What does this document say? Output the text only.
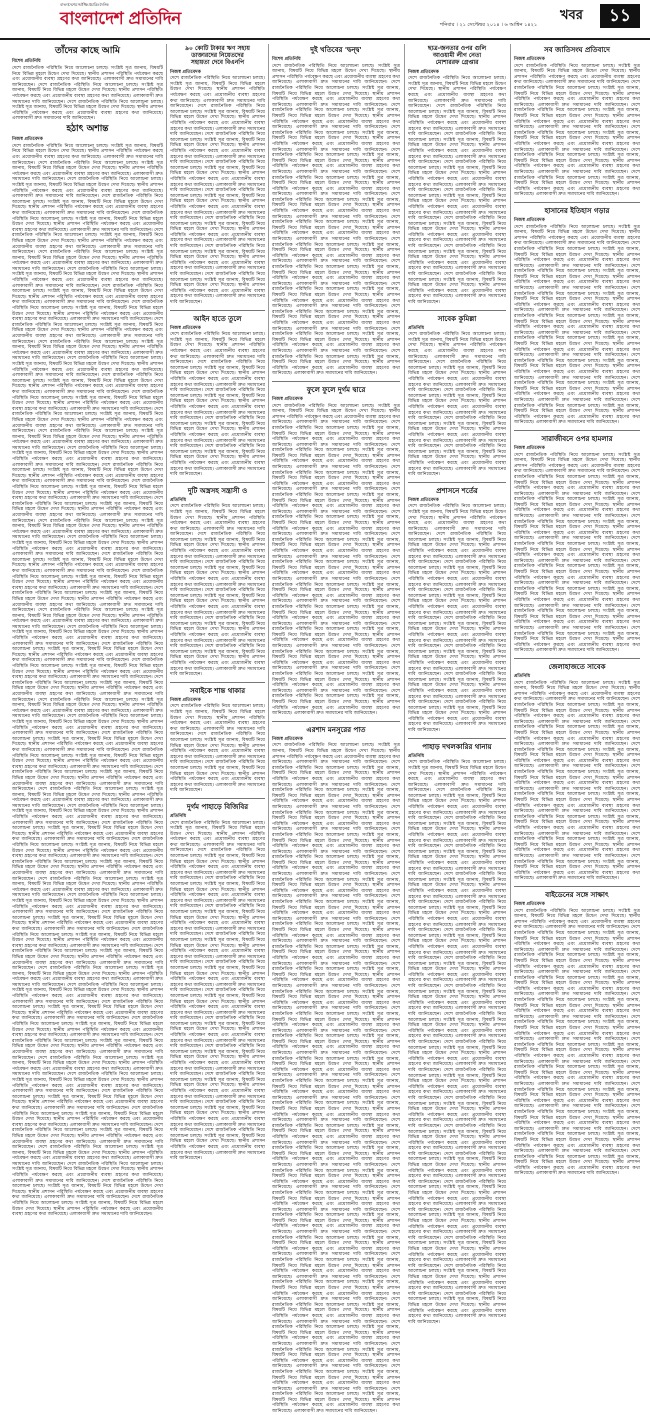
বাংলাদেশের সর্বাধিক প্রচারিত দৈনিক
বাংলাদেশ প্রতিদিন	শনিবার । ২১ সেপ্টেম্বর ২০১৪ । ৬ আশ্বিন ১৪২১
খবর	১১
তাঁদের কাছে আমি
বিশেষ প্রতিনিধি

দেশে রাজনৈতিক পরিস্থিতি নিয়ে আলোচনা চলছে। সংশ্লিষ্ট সূত্র জানায়, বিষয়টি নিয়ে বিভিন্ন মহলে উদ্বেগ দেখা দিয়েছে। স্থানীয় প্রশাসন পরিস্থিতি পর্যবেক্ষণ করছে এবং প্রয়োজনীয় ব্যবস্থা গ্রহণের কথা জানিয়েছে। এলাকাবাসী দ্রুত সমাধানের দাবি জানিয়েছেন। দেশে রাজনৈতিক পরিস্থিতি নিয়ে আলোচনা চলছে। সংশ্লিষ্ট সূত্র জানায়, বিষয়টি নিয়ে বিভিন্ন মহলে উদ্বেগ দেখা দিয়েছে। স্থানীয় প্রশাসন পরিস্থিতি পর্যবেক্ষণ করছে এবং প্রয়োজনীয় ব্যবস্থা গ্রহণের কথা জানিয়েছে। এলাকাবাসী দ্রুত সমাধানের দাবি জানিয়েছেন। দেশে রাজনৈতিক পরিস্থিতি নিয়ে আলোচনা চলছে। সংশ্লিষ্ট সূত্র জানায়, বিষয়টি নিয়ে বিভিন্ন মহলে উদ্বেগ দেখা দিয়েছে। স্থানীয় প্রশাসন পরিস্থিতি পর্যবেক্ষণ করছে এবং প্রয়োজনীয় ব্যবস্থা গ্রহণের কথা জানিয়েছে। এলাকাবাসী দ্রুত সমাধানের দাবি জানিয়েছেন।

হঠাৎ অশান্ত
নিজস্ব প্রতিবেদক

দেশে রাজনৈতিক পরিস্থিতি নিয়ে আলোচনা চলছে। সংশ্লিষ্ট সূত্র জানায়, বিষয়টি নিয়ে বিভিন্ন মহলে উদ্বেগ দেখা দিয়েছে। স্থানীয় প্রশাসন পরিস্থিতি পর্যবেক্ষণ করছে এবং প্রয়োজনীয় ব্যবস্থা গ্রহণের কথা জানিয়েছে। এলাকাবাসী দ্রুত সমাধানের দাবি জানিয়েছেন। দেশে রাজনৈতিক পরিস্থিতি নিয়ে আলোচনা চলছে। সংশ্লিষ্ট সূত্র জানায়, বিষয়টি নিয়ে বিভিন্ন মহলে উদ্বেগ দেখা দিয়েছে। স্থানীয় প্রশাসন পরিস্থিতি পর্যবেক্ষণ করছে এবং প্রয়োজনীয় ব্যবস্থা গ্রহণের কথা জানিয়েছে। এলাকাবাসী দ্রুত সমাধানের দাবি জানিয়েছেন। দেশে রাজনৈতিক পরিস্থিতি নিয়ে আলোচনা চলছে। সংশ্লিষ্ট সূত্র জানায়, বিষয়টি নিয়ে বিভিন্ন মহলে উদ্বেগ দেখা দিয়েছে। স্থানীয় প্রশাসন পরিস্থিতি পর্যবেক্ষণ করছে এবং প্রয়োজনীয় ব্যবস্থা গ্রহণের কথা জানিয়েছে। এলাকাবাসী দ্রুত সমাধানের দাবি জানিয়েছেন। দেশে রাজনৈতিক পরিস্থিতি নিয়ে আলোচনা চলছে। সংশ্লিষ্ট সূত্র জানায়, বিষয়টি নিয়ে বিভিন্ন মহলে উদ্বেগ দেখা দিয়েছে। স্থানীয় প্রশাসন পরিস্থিতি পর্যবেক্ষণ করছে এবং প্রয়োজনীয় ব্যবস্থা গ্রহণের কথা জানিয়েছে। এলাকাবাসী দ্রুত সমাধানের দাবি জানিয়েছেন। দেশে রাজনৈতিক পরিস্থিতি নিয়ে আলোচনা চলছে। সংশ্লিষ্ট সূত্র জানায়, বিষয়টি নিয়ে বিভিন্ন মহলে উদ্বেগ দেখা দিয়েছে। স্থানীয় প্রশাসন পরিস্থিতি পর্যবেক্ষণ করছে এবং প্রয়োজনীয় ব্যবস্থা গ্রহণের কথা জানিয়েছে। এলাকাবাসী দ্রুত সমাধানের দাবি জানিয়েছেন। দেশে রাজনৈতিক পরিস্থিতি নিয়ে আলোচনা চলছে। সংশ্লিষ্ট সূত্র জানায়, বিষয়টি নিয়ে বিভিন্ন মহলে উদ্বেগ দেখা দিয়েছে। স্থানীয় প্রশাসন পরিস্থিতি পর্যবেক্ষণ করছে এবং প্রয়োজনীয় ব্যবস্থা গ্রহণের কথা জানিয়েছে। এলাকাবাসী দ্রুত সমাধানের দাবি জানিয়েছেন। দেশে রাজনৈতিক পরিস্থিতি নিয়ে আলোচনা চলছে। সংশ্লিষ্ট সূত্র জানায়, বিষয়টি নিয়ে বিভিন্ন মহলে উদ্বেগ দেখা দিয়েছে। স্থানীয় প্রশাসন পরিস্থিতি পর্যবেক্ষণ করছে এবং প্রয়োজনীয় ব্যবস্থা গ্রহণের কথা জানিয়েছে। এলাকাবাসী দ্রুত সমাধানের দাবি জানিয়েছেন। দেশে রাজনৈতিক পরিস্থিতি নিয়ে আলোচনা চলছে। সংশ্লিষ্ট সূত্র জানায়, বিষয়টি নিয়ে বিভিন্ন মহলে উদ্বেগ দেখা দিয়েছে। স্থানীয় প্রশাসন পরিস্থিতি পর্যবেক্ষণ করছে এবং প্রয়োজনীয় ব্যবস্থা গ্রহণের কথা জানিয়েছে। এলাকাবাসী দ্রুত সমাধানের দাবি জানিয়েছেন। দেশে রাজনৈতিক পরিস্থিতি নিয়ে আলোচনা চলছে। সংশ্লিষ্ট সূত্র জানায়, বিষয়টি নিয়ে বিভিন্ন মহলে উদ্বেগ দেখা দিয়েছে। স্থানীয় প্রশাসন পরিস্থিতি পর্যবেক্ষণ করছে এবং প্রয়োজনীয় ব্যবস্থা গ্রহণের কথা জানিয়েছে। এলাকাবাসী দ্রুত সমাধানের দাবি জানিয়েছেন। দেশে রাজনৈতিক পরিস্থিতি নিয়ে আলোচনা চলছে। সংশ্লিষ্ট সূত্র জানায়, বিষয়টি নিয়ে বিভিন্ন মহলে উদ্বেগ দেখা দিয়েছে। স্থানীয় প্রশাসন পরিস্থিতি পর্যবেক্ষণ করছে এবং প্রয়োজনীয় ব্যবস্থা গ্রহণের কথা জানিয়েছে। এলাকাবাসী দ্রুত সমাধানের দাবি জানিয়েছেন। দেশে রাজনৈতিক পরিস্থিতি নিয়ে আলোচনা চলছে। সংশ্লিষ্ট সূত্র জানায়, বিষয়টি নিয়ে বিভিন্ন মহলে উদ্বেগ দেখা দিয়েছে। স্থানীয় প্রশাসন পরিস্থিতি পর্যবেক্ষণ করছে এবং প্রয়োজনীয় ব্যবস্থা গ্রহণের কথা জানিয়েছে। এলাকাবাসী দ্রুত সমাধানের দাবি জানিয়েছেন। দেশে রাজনৈতিক পরিস্থিতি নিয়ে আলোচনা চলছে। সংশ্লিষ্ট সূত্র জানায়, বিষয়টি নিয়ে বিভিন্ন মহলে উদ্বেগ দেখা দিয়েছে। স্থানীয় প্রশাসন পরিস্থিতি পর্যবেক্ষণ করছে এবং প্রয়োজনীয় ব্যবস্থা গ্রহণের কথা জানিয়েছে। এলাকাবাসী দ্রুত সমাধানের দাবি জানিয়েছেন। দেশে রাজনৈতিক পরিস্থিতি নিয়ে আলোচনা চলছে। সংশ্লিষ্ট সূত্র জানায়, বিষয়টি নিয়ে বিভিন্ন মহলে উদ্বেগ দেখা দিয়েছে। স্থানীয় প্রশাসন পরিস্থিতি পর্যবেক্ষণ করছে এবং প্রয়োজনীয় ব্যবস্থা গ্রহণের কথা জানিয়েছে। এলাকাবাসী দ্রুত সমাধানের দাবি জানিয়েছেন। দেশে রাজনৈতিক পরিস্থিতি নিয়ে আলোচনা চলছে। সংশ্লিষ্ট সূত্র জানায়, বিষয়টি নিয়ে বিভিন্ন মহলে উদ্বেগ দেখা দিয়েছে। স্থানীয় প্রশাসন পরিস্থিতি পর্যবেক্ষণ করছে এবং প্রয়োজনীয় ব্যবস্থা গ্রহণের কথা জানিয়েছে। এলাকাবাসী দ্রুত সমাধানের দাবি জানিয়েছেন। দেশে রাজনৈতিক পরিস্থিতি নিয়ে আলোচনা চলছে। সংশ্লিষ্ট সূত্র জানায়, বিষয়টি নিয়ে বিভিন্ন মহলে উদ্বেগ দেখা দিয়েছে। স্থানীয় প্রশাসন পরিস্থিতি পর্যবেক্ষণ করছে এবং প্রয়োজনীয় ব্যবস্থা গ্রহণের কথা জানিয়েছে। এলাকাবাসী দ্রুত সমাধানের দাবি জানিয়েছেন। দেশে রাজনৈতিক পরিস্থিতি নিয়ে আলোচনা চলছে। সংশ্লিষ্ট সূত্র জানায়, বিষয়টি নিয়ে বিভিন্ন মহলে উদ্বেগ দেখা দিয়েছে। স্থানীয় প্রশাসন পরিস্থিতি পর্যবেক্ষণ করছে এবং প্রয়োজনীয় ব্যবস্থা গ্রহণের কথা জানিয়েছে। এলাকাবাসী দ্রুত সমাধানের দাবি জানিয়েছেন। দেশে রাজনৈতিক পরিস্থিতি নিয়ে আলোচনা চলছে। সংশ্লিষ্ট সূত্র জানায়, বিষয়টি নিয়ে বিভিন্ন মহলে উদ্বেগ দেখা দিয়েছে। স্থানীয় প্রশাসন পরিস্থিতি পর্যবেক্ষণ করছে এবং প্রয়োজনীয় ব্যবস্থা গ্রহণের কথা জানিয়েছে। এলাকাবাসী দ্রুত সমাধানের দাবি জানিয়েছেন। দেশে রাজনৈতিক পরিস্থিতি নিয়ে আলোচনা চলছে। সংশ্লিষ্ট সূত্র জানায়, বিষয়টি নিয়ে বিভিন্ন মহলে উদ্বেগ দেখা দিয়েছে। স্থানীয় প্রশাসন পরিস্থিতি পর্যবেক্ষণ করছে এবং প্রয়োজনীয় ব্যবস্থা গ্রহণের কথা জানিয়েছে। এলাকাবাসী দ্রুত সমাধানের দাবি জানিয়েছেন। দেশে রাজনৈতিক পরিস্থিতি নিয়ে আলোচনা চলছে। সংশ্লিষ্ট সূত্র জানায়, বিষয়টি নিয়ে বিভিন্ন মহলে উদ্বেগ দেখা দিয়েছে। স্থানীয় প্রশাসন পরিস্থিতি পর্যবেক্ষণ করছে এবং প্রয়োজনীয় ব্যবস্থা গ্রহণের কথা জানিয়েছে। এলাকাবাসী দ্রুত সমাধানের দাবি জানিয়েছেন। দেশে রাজনৈতিক পরিস্থিতি নিয়ে আলোচনা চলছে। সংশ্লিষ্ট সূত্র জানায়, বিষয়টি নিয়ে বিভিন্ন মহলে উদ্বেগ দেখা দিয়েছে। স্থানীয় প্রশাসন পরিস্থিতি পর্যবেক্ষণ করছে এবং প্রয়োজনীয় ব্যবস্থা গ্রহণের কথা জানিয়েছে। এলাকাবাসী দ্রুত সমাধানের দাবি জানিয়েছেন। দেশে রাজনৈতিক পরিস্থিতি নিয়ে আলোচনা চলছে। সংশ্লিষ্ট সূত্র জানায়, বিষয়টি নিয়ে বিভিন্ন মহলে উদ্বেগ দেখা দিয়েছে। স্থানীয় প্রশাসন পরিস্থিতি পর্যবেক্ষণ করছে এবং প্রয়োজনীয় ব্যবস্থা গ্রহণের কথা জানিয়েছে। এলাকাবাসী দ্রুত সমাধানের দাবি জানিয়েছেন। দেশে রাজনৈতিক পরিস্থিতি নিয়ে আলোচনা চলছে। সংশ্লিষ্ট সূত্র জানায়, বিষয়টি নিয়ে বিভিন্ন মহলে উদ্বেগ দেখা দিয়েছে। স্থানীয় প্রশাসন পরিস্থিতি পর্যবেক্ষণ করছে এবং প্রয়োজনীয় ব্যবস্থা গ্রহণের কথা জানিয়েছে। এলাকাবাসী দ্রুত সমাধানের দাবি জানিয়েছেন। দেশে রাজনৈতিক পরিস্থিতি নিয়ে আলোচনা চলছে। সংশ্লিষ্ট সূত্র জানায়, বিষয়টি নিয়ে বিভিন্ন মহলে উদ্বেগ দেখা দিয়েছে। স্থানীয় প্রশাসন পরিস্থিতি পর্যবেক্ষণ করছে এবং প্রয়োজনীয় ব্যবস্থা গ্রহণের কথা জানিয়েছে। এলাকাবাসী দ্রুত সমাধানের দাবি জানিয়েছেন। দেশে রাজনৈতিক পরিস্থিতি নিয়ে আলোচনা চলছে। সংশ্লিষ্ট সূত্র জানায়, বিষয়টি নিয়ে বিভিন্ন মহলে উদ্বেগ দেখা দিয়েছে। স্থানীয় প্রশাসন পরিস্থিতি পর্যবেক্ষণ করছে এবং প্রয়োজনীয় ব্যবস্থা গ্রহণের কথা জানিয়েছে। এলাকাবাসী দ্রুত সমাধানের দাবি জানিয়েছেন। দেশে রাজনৈতিক পরিস্থিতি নিয়ে আলোচনা চলছে। সংশ্লিষ্ট সূত্র জানায়, বিষয়টি নিয়ে বিভিন্ন মহলে উদ্বেগ দেখা দিয়েছে। স্থানীয় প্রশাসন পরিস্থিতি পর্যবেক্ষণ করছে এবং প্রয়োজনীয় ব্যবস্থা গ্রহণের কথা জানিয়েছে। এলাকাবাসী দ্রুত সমাধানের দাবি জানিয়েছেন। দেশে রাজনৈতিক পরিস্থিতি নিয়ে আলোচনা চলছে। সংশ্লিষ্ট সূত্র জানায়, বিষয়টি নিয়ে বিভিন্ন মহলে উদ্বেগ দেখা দিয়েছে। স্থানীয় প্রশাসন পরিস্থিতি পর্যবেক্ষণ করছে এবং প্রয়োজনীয় ব্যবস্থা গ্রহণের কথা জানিয়েছে। এলাকাবাসী দ্রুত সমাধানের দাবি জানিয়েছেন। দেশে রাজনৈতিক পরিস্থিতি নিয়ে আলোচনা চলছে। সংশ্লিষ্ট সূত্র জানায়, বিষয়টি নিয়ে বিভিন্ন মহলে উদ্বেগ দেখা দিয়েছে। স্থানীয় প্রশাসন পরিস্থিতি পর্যবেক্ষণ করছে এবং প্রয়োজনীয় ব্যবস্থা গ্রহণের কথা জানিয়েছে। এলাকাবাসী দ্রুত সমাধানের দাবি জানিয়েছেন। দেশে রাজনৈতিক পরিস্থিতি নিয়ে আলোচনা চলছে। সংশ্লিষ্ট সূত্র জানায়, বিষয়টি নিয়ে বিভিন্ন মহলে উদ্বেগ দেখা দিয়েছে। স্থানীয় প্রশাসন পরিস্থিতি পর্যবেক্ষণ করছে এবং প্রয়োজনীয় ব্যবস্থা গ্রহণের কথা জানিয়েছে। এলাকাবাসী দ্রুত সমাধানের দাবি জানিয়েছেন। দেশে রাজনৈতিক পরিস্থিতি নিয়ে আলোচনা চলছে। সংশ্লিষ্ট সূত্র জানায়, বিষয়টি নিয়ে বিভিন্ন মহলে উদ্বেগ দেখা দিয়েছে। স্থানীয় প্রশাসন পরিস্থিতি পর্যবেক্ষণ করছে এবং প্রয়োজনীয় ব্যবস্থা গ্রহণের কথা জানিয়েছে। এলাকাবাসী দ্রুত সমাধানের দাবি জানিয়েছেন। দেশে রাজনৈতিক পরিস্থিতি নিয়ে আলোচনা চলছে। সংশ্লিষ্ট সূত্র জানায়, বিষয়টি নিয়ে বিভিন্ন মহলে উদ্বেগ দেখা দিয়েছে। স্থানীয় প্রশাসন পরিস্থিতি পর্যবেক্ষণ করছে এবং প্রয়োজনীয় ব্যবস্থা গ্রহণের কথা জানিয়েছে। এলাকাবাসী দ্রুত সমাধানের দাবি জানিয়েছেন। দেশে রাজনৈতিক পরিস্থিতি নিয়ে আলোচনা চলছে। সংশ্লিষ্ট সূত্র জানায়, বিষয়টি নিয়ে বিভিন্ন মহলে উদ্বেগ দেখা দিয়েছে। স্থানীয় প্রশাসন পরিস্থিতি পর্যবেক্ষণ করছে এবং প্রয়োজনীয় ব্যবস্থা গ্রহণের কথা জানিয়েছে। এলাকাবাসী দ্রুত সমাধানের দাবি জানিয়েছেন। দেশে রাজনৈতিক পরিস্থিতি নিয়ে আলোচনা চলছে। সংশ্লিষ্ট সূত্র জানায়, বিষয়টি নিয়ে বিভিন্ন মহলে উদ্বেগ দেখা দিয়েছে। স্থানীয় প্রশাসন পরিস্থিতি পর্যবেক্ষণ করছে এবং প্রয়োজনীয় ব্যবস্থা গ্রহণের কথা জানিয়েছে। এলাকাবাসী দ্রুত সমাধানের দাবি জানিয়েছেন। দেশে রাজনৈতিক পরিস্থিতি নিয়ে আলোচনা চলছে। সংশ্লিষ্ট সূত্র জানায়, বিষয়টি নিয়ে বিভিন্ন মহলে উদ্বেগ দেখা দিয়েছে। স্থানীয় প্রশাসন পরিস্থিতি পর্যবেক্ষণ করছে এবং প্রয়োজনীয় ব্যবস্থা গ্রহণের কথা জানিয়েছে। এলাকাবাসী দ্রুত সমাধানের দাবি জানিয়েছেন। দেশে রাজনৈতিক পরিস্থিতি নিয়ে আলোচনা চলছে। সংশ্লিষ্ট সূত্র জানায়, বিষয়টি নিয়ে বিভিন্ন মহলে উদ্বেগ দেখা দিয়েছে। স্থানীয় প্রশাসন পরিস্থিতি পর্যবেক্ষণ করছে এবং প্রয়োজনীয় ব্যবস্থা গ্রহণের কথা জানিয়েছে। এলাকাবাসী দ্রুত সমাধানের দাবি জানিয়েছেন। দেশে রাজনৈতিক পরিস্থিতি নিয়ে আলোচনা চলছে। সংশ্লিষ্ট সূত্র জানায়, বিষয়টি নিয়ে বিভিন্ন মহলে উদ্বেগ দেখা দিয়েছে। স্থানীয় প্রশাসন পরিস্থিতি পর্যবেক্ষণ করছে এবং প্রয়োজনীয় ব্যবস্থা গ্রহণের কথা জানিয়েছে। এলাকাবাসী দ্রুত সমাধানের দাবি জানিয়েছেন। দেশে রাজনৈতিক পরিস্থিতি নিয়ে আলোচনা চলছে। সংশ্লিষ্ট সূত্র জানায়, বিষয়টি নিয়ে বিভিন্ন মহলে উদ্বেগ দেখা দিয়েছে। স্থানীয় প্রশাসন পরিস্থিতি পর্যবেক্ষণ করছে এবং প্রয়োজনীয় ব্যবস্থা গ্রহণের কথা জানিয়েছে। এলাকাবাসী দ্রুত সমাধানের দাবি জানিয়েছেন। দেশে রাজনৈতিক পরিস্থিতি নিয়ে আলোচনা চলছে। সংশ্লিষ্ট সূত্র জানায়, বিষয়টি নিয়ে বিভিন্ন মহলে উদ্বেগ দেখা দিয়েছে। স্থানীয় প্রশাসন পরিস্থিতি পর্যবেক্ষণ করছে এবং প্রয়োজনীয় ব্যবস্থা গ্রহণের কথা জানিয়েছে। এলাকাবাসী দ্রুত সমাধানের দাবি জানিয়েছেন। দেশে রাজনৈতিক পরিস্থিতি নিয়ে আলোচনা চলছে। সংশ্লিষ্ট সূত্র জানায়, বিষয়টি নিয়ে বিভিন্ন মহলে উদ্বেগ দেখা দিয়েছে। স্থানীয় প্রশাসন পরিস্থিতি পর্যবেক্ষণ করছে এবং প্রয়োজনীয় ব্যবস্থা গ্রহণের কথা জানিয়েছে। এলাকাবাসী দ্রুত সমাধানের দাবি জানিয়েছেন। দেশে রাজনৈতিক পরিস্থিতি নিয়ে আলোচনা চলছে। সংশ্লিষ্ট সূত্র জানায়, বিষয়টি নিয়ে বিভিন্ন মহলে উদ্বেগ দেখা দিয়েছে। স্থানীয় প্রশাসন পরিস্থিতি পর্যবেক্ষণ করছে এবং প্রয়োজনীয় ব্যবস্থা গ্রহণের কথা জানিয়েছে। এলাকাবাসী দ্রুত সমাধানের দাবি জানিয়েছেন। দেশে রাজনৈতিক পরিস্থিতি নিয়ে আলোচনা চলছে। সংশ্লিষ্ট সূত্র জানায়, বিষয়টি নিয়ে বিভিন্ন মহলে উদ্বেগ দেখা দিয়েছে। স্থানীয় প্রশাসন পরিস্থিতি পর্যবেক্ষণ করছে এবং প্রয়োজনীয় ব্যবস্থা গ্রহণের কথা জানিয়েছে। এলাকাবাসী দ্রুত সমাধানের দাবি জানিয়েছেন। দেশে রাজনৈতিক পরিস্থিতি নিয়ে আলোচনা চলছে। সংশ্লিষ্ট সূত্র জানায়, বিষয়টি নিয়ে বিভিন্ন মহলে উদ্বেগ দেখা দিয়েছে। স্থানীয় প্রশাসন পরিস্থিতি পর্যবেক্ষণ করছে এবং প্রয়োজনীয় ব্যবস্থা গ্রহণের কথা জানিয়েছে। এলাকাবাসী দ্রুত সমাধানের দাবি জানিয়েছেন। দেশে রাজনৈতিক পরিস্থিতি নিয়ে আলোচনা চলছে। সংশ্লিষ্ট সূত্র জানায়, বিষয়টি নিয়ে বিভিন্ন মহলে উদ্বেগ দেখা দিয়েছে। স্থানীয় প্রশাসন পরিস্থিতি পর্যবেক্ষণ করছে এবং প্রয়োজনীয় ব্যবস্থা গ্রহণের কথা জানিয়েছে। এলাকাবাসী দ্রুত সমাধানের দাবি জানিয়েছেন। দেশে রাজনৈতিক পরিস্থিতি নিয়ে আলোচনা চলছে। সংশ্লিষ্ট সূত্র জানায়, বিষয়টি নিয়ে বিভিন্ন মহলে উদ্বেগ দেখা দিয়েছে। স্থানীয় প্রশাসন পরিস্থিতি পর্যবেক্ষণ করছে এবং প্রয়োজনীয় ব্যবস্থা গ্রহণের কথা জানিয়েছে। এলাকাবাসী দ্রুত সমাধানের দাবি জানিয়েছেন। দেশে রাজনৈতিক পরিস্থিতি নিয়ে আলোচনা চলছে। সংশ্লিষ্ট সূত্র জানায়, বিষয়টি নিয়ে বিভিন্ন মহলে উদ্বেগ দেখা দিয়েছে। স্থানীয় প্রশাসন পরিস্থিতি পর্যবেক্ষণ করছে এবং প্রয়োজনীয় ব্যবস্থা গ্রহণের কথা জানিয়েছে। এলাকাবাসী দ্রুত সমাধানের দাবি জানিয়েছেন। দেশে রাজনৈতিক পরিস্থিতি নিয়ে আলোচনা চলছে। সংশ্লিষ্ট সূত্র জানায়, বিষয়টি নিয়ে বিভিন্ন মহলে উদ্বেগ দেখা দিয়েছে। স্থানীয় প্রশাসন পরিস্থিতি পর্যবেক্ষণ করছে এবং প্রয়োজনীয় ব্যবস্থা গ্রহণের কথা জানিয়েছে। এলাকাবাসী দ্রুত সমাধানের দাবি জানিয়েছেন। দেশে রাজনৈতিক পরিস্থিতি নিয়ে আলোচনা চলছে। সংশ্লিষ্ট সূত্র জানায়, বিষয়টি নিয়ে বিভিন্ন মহলে উদ্বেগ দেখা দিয়েছে। স্থানীয় প্রশাসন পরিস্থিতি পর্যবেক্ষণ করছে এবং প্রয়োজনীয় ব্যবস্থা গ্রহণের কথা জানিয়েছে। এলাকাবাসী দ্রুত সমাধানের দাবি জানিয়েছেন। দেশে রাজনৈতিক পরিস্থিতি নিয়ে আলোচনা চলছে। সংশ্লিষ্ট সূত্র জানায়, বিষয়টি নিয়ে বিভিন্ন মহলে উদ্বেগ দেখা দিয়েছে। স্থানীয় প্রশাসন পরিস্থিতি পর্যবেক্ষণ করছে এবং প্রয়োজনীয় ব্যবস্থা গ্রহণের কথা জানিয়েছে। এলাকাবাসী দ্রুত সমাধানের দাবি জানিয়েছেন। দেশে রাজনৈতিক পরিস্থিতি নিয়ে আলোচনা চলছে। সংশ্লিষ্ট সূত্র জানায়, বিষয়টি নিয়ে বিভিন্ন মহলে উদ্বেগ দেখা দিয়েছে। স্থানীয় প্রশাসন পরিস্থিতি পর্যবেক্ষণ করছে এবং প্রয়োজনীয় ব্যবস্থা গ্রহণের কথা জানিয়েছে। এলাকাবাসী দ্রুত সমাধানের দাবি জানিয়েছেন। দেশে রাজনৈতিক পরিস্থিতি নিয়ে আলোচনা চলছে। সংশ্লিষ্ট সূত্র জানায়, বিষয়টি নিয়ে বিভিন্ন মহলে উদ্বেগ দেখা দিয়েছে। স্থানীয় প্রশাসন পরিস্থিতি পর্যবেক্ষণ করছে এবং প্রয়োজনীয় ব্যবস্থা গ্রহণের কথা জানিয়েছে। এলাকাবাসী দ্রুত সমাধানের দাবি জানিয়েছেন। দেশে রাজনৈতিক পরিস্থিতি নিয়ে আলোচনা চলছে। সংশ্লিষ্ট সূত্র জানায়, বিষয়টি নিয়ে বিভিন্ন মহলে উদ্বেগ দেখা দিয়েছে। স্থানীয় প্রশাসন পরিস্থিতি পর্যবেক্ষণ করছে এবং প্রয়োজনীয় ব্যবস্থা গ্রহণের কথা জানিয়েছে। এলাকাবাসী দ্রুত সমাধানের দাবি জানিয়েছেন। দেশে রাজনৈতিক পরিস্থিতি নিয়ে আলোচনা চলছে। সংশ্লিষ্ট সূত্র জানায়, বিষয়টি নিয়ে বিভিন্ন মহলে উদ্বেগ দেখা দিয়েছে। স্থানীয় প্রশাসন পরিস্থিতি পর্যবেক্ষণ করছে এবং প্রয়োজনীয় ব্যবস্থা গ্রহণের কথা জানিয়েছে। এলাকাবাসী দ্রুত সমাধানের দাবি জানিয়েছেন। দেশে রাজনৈতিক পরিস্থিতি নিয়ে আলোচনা চলছে। সংশ্লিষ্ট সূত্র জানায়, বিষয়টি নিয়ে বিভিন্ন মহলে উদ্বেগ দেখা দিয়েছে। স্থানীয় প্রশাসন পরিস্থিতি পর্যবেক্ষণ করছে এবং প্রয়োজনীয় ব্যবস্থা গ্রহণের কথা জানিয়েছে। এলাকাবাসী দ্রুত সমাধানের দাবি জানিয়েছেন। দেশে রাজনৈতিক পরিস্থিতি নিয়ে আলোচনা চলছে। সংশ্লিষ্ট সূত্র জানায়, বিষয়টি নিয়ে বিভিন্ন মহলে উদ্বেগ দেখা দিয়েছে। স্থানীয় প্রশাসন পরিস্থিতি পর্যবেক্ষণ করছে এবং প্রয়োজনীয় ব্যবস্থা গ্রহণের কথা জানিয়েছে। এলাকাবাসী দ্রুত সমাধানের দাবি জানিয়েছেন। দেশে রাজনৈতিক পরিস্থিতি নিয়ে আলোচনা চলছে। সংশ্লিষ্ট সূত্র জানায়, বিষয়টি নিয়ে বিভিন্ন মহলে উদ্বেগ দেখা দিয়েছে। স্থানীয় প্রশাসন পরিস্থিতি পর্যবেক্ষণ করছে এবং প্রয়োজনীয় ব্যবস্থা গ্রহণের কথা জানিয়েছে। এলাকাবাসী দ্রুত সমাধানের দাবি জানিয়েছেন। দেশে রাজনৈতিক পরিস্থিতি নিয়ে আলোচনা চলছে। সংশ্লিষ্ট সূত্র জানায়, বিষয়টি নিয়ে বিভিন্ন মহলে উদ্বেগ দেখা দিয়েছে। স্থানীয় প্রশাসন পরিস্থিতি পর্যবেক্ষণ করছে এবং প্রয়োজনীয় ব্যবস্থা গ্রহণের কথা জানিয়েছে। এলাকাবাসী দ্রুত সমাধানের দাবি জানিয়েছেন। দেশে রাজনৈতিক পরিস্থিতি নিয়ে আলোচনা চলছে। সংশ্লিষ্ট সূত্র জানায়, বিষয়টি নিয়ে বিভিন্ন মহলে উদ্বেগ দেখা দিয়েছে। স্থানীয় প্রশাসন পরিস্থিতি পর্যবেক্ষণ করছে এবং প্রয়োজনীয় ব্যবস্থা গ্রহণের কথা জানিয়েছে। এলাকাবাসী দ্রুত সমাধানের দাবি জানিয়েছেন। দেশে রাজনৈতিক পরিস্থিতি নিয়ে আলোচনা চলছে। সংশ্লিষ্ট সূত্র জানায়, বিষয়টি নিয়ে বিভিন্ন মহলে উদ্বেগ দেখা দিয়েছে। স্থানীয় প্রশাসন পরিস্থিতি পর্যবেক্ষণ করছে এবং প্রয়োজনীয় ব্যবস্থা গ্রহণের কথা জানিয়েছে। এলাকাবাসী দ্রুত সমাধানের দাবি জানিয়েছেন। দেশে রাজনৈতিক পরিস্থিতি নিয়ে আলোচনা চলছে। সংশ্লিষ্ট সূত্র জানায়, বিষয়টি নিয়ে বিভিন্ন মহলে উদ্বেগ দেখা দিয়েছে। স্থানীয় প্রশাসন পরিস্থিতি পর্যবেক্ষণ করছে এবং প্রয়োজনীয় ব্যবস্থা গ্রহণের কথা জানিয়েছে। এলাকাবাসী দ্রুত সমাধানের দাবি জানিয়েছেন। দেশে রাজনৈতিক পরিস্থিতি নিয়ে আলোচনা চলছে। সংশ্লিষ্ট সূত্র জানায়, বিষয়টি নিয়ে বিভিন্ন মহলে উদ্বেগ দেখা দিয়েছে। স্থানীয় প্রশাসন পরিস্থিতি পর্যবেক্ষণ করছে এবং প্রয়োজনীয় ব্যবস্থা গ্রহণের কথা জানিয়েছে। এলাকাবাসী দ্রুত সমাধানের দাবি জানিয়েছেন। দেশে রাজনৈতিক পরিস্থিতি নিয়ে আলোচনা চলছে। সংশ্লিষ্ট সূত্র জানায়, বিষয়টি নিয়ে বিভিন্ন মহলে উদ্বেগ দেখা দিয়েছে। স্থানীয় প্রশাসন পরিস্থিতি পর্যবেক্ষণ করছে এবং প্রয়োজনীয় ব্যবস্থা গ্রহণের কথা জানিয়েছে। এলাকাবাসী দ্রুত সমাধানের দাবি জানিয়েছেন।

৯০ কোটি টাকার ঋণ সহায়
ডাক্তারদের নিয়েতদের
সহায়তা দেবে বিএনপি
নিজস্ব প্রতিবেদক

দেশে রাজনৈতিক পরিস্থিতি নিয়ে আলোচনা চলছে। সংশ্লিষ্ট সূত্র জানায়, বিষয়টি নিয়ে বিভিন্ন মহলে উদ্বেগ দেখা দিয়েছে। স্থানীয় প্রশাসন পরিস্থিতি পর্যবেক্ষণ করছে এবং প্রয়োজনীয় ব্যবস্থা গ্রহণের কথা জানিয়েছে। এলাকাবাসী দ্রুত সমাধানের দাবি জানিয়েছেন। দেশে রাজনৈতিক পরিস্থিতি নিয়ে আলোচনা চলছে। সংশ্লিষ্ট সূত্র জানায়, বিষয়টি নিয়ে বিভিন্ন মহলে উদ্বেগ দেখা দিয়েছে। স্থানীয় প্রশাসন পরিস্থিতি পর্যবেক্ষণ করছে এবং প্রয়োজনীয় ব্যবস্থা গ্রহণের কথা জানিয়েছে। এলাকাবাসী দ্রুত সমাধানের দাবি জানিয়েছেন। দেশে রাজনৈতিক পরিস্থিতি নিয়ে আলোচনা চলছে। সংশ্লিষ্ট সূত্র জানায়, বিষয়টি নিয়ে বিভিন্ন মহলে উদ্বেগ দেখা দিয়েছে। স্থানীয় প্রশাসন পরিস্থিতি পর্যবেক্ষণ করছে এবং প্রয়োজনীয় ব্যবস্থা গ্রহণের কথা জানিয়েছে। এলাকাবাসী দ্রুত সমাধানের দাবি জানিয়েছেন। দেশে রাজনৈতিক পরিস্থিতি নিয়ে আলোচনা চলছে। সংশ্লিষ্ট সূত্র জানায়, বিষয়টি নিয়ে বিভিন্ন মহলে উদ্বেগ দেখা দিয়েছে। স্থানীয় প্রশাসন পরিস্থিতি পর্যবেক্ষণ করছে এবং প্রয়োজনীয় ব্যবস্থা গ্রহণের কথা জানিয়েছে। এলাকাবাসী দ্রুত সমাধানের দাবি জানিয়েছেন। দেশে রাজনৈতিক পরিস্থিতি নিয়ে আলোচনা চলছে। সংশ্লিষ্ট সূত্র জানায়, বিষয়টি নিয়ে বিভিন্ন মহলে উদ্বেগ দেখা দিয়েছে। স্থানীয় প্রশাসন পরিস্থিতি পর্যবেক্ষণ করছে এবং প্রয়োজনীয় ব্যবস্থা গ্রহণের কথা জানিয়েছে। এলাকাবাসী দ্রুত সমাধানের দাবি জানিয়েছেন। দেশে রাজনৈতিক পরিস্থিতি নিয়ে আলোচনা চলছে। সংশ্লিষ্ট সূত্র জানায়, বিষয়টি নিয়ে বিভিন্ন মহলে উদ্বেগ দেখা দিয়েছে। স্থানীয় প্রশাসন পরিস্থিতি পর্যবেক্ষণ করছে এবং প্রয়োজনীয় ব্যবস্থা গ্রহণের কথা জানিয়েছে। এলাকাবাসী দ্রুত সমাধানের দাবি জানিয়েছেন। দেশে রাজনৈতিক পরিস্থিতি নিয়ে আলোচনা চলছে। সংশ্লিষ্ট সূত্র জানায়, বিষয়টি নিয়ে বিভিন্ন মহলে উদ্বেগ দেখা দিয়েছে। স্থানীয় প্রশাসন পরিস্থিতি পর্যবেক্ষণ করছে এবং প্রয়োজনীয় ব্যবস্থা গ্রহণের কথা জানিয়েছে। এলাকাবাসী দ্রুত সমাধানের দাবি জানিয়েছেন। দেশে রাজনৈতিক পরিস্থিতি নিয়ে আলোচনা চলছে। সংশ্লিষ্ট সূত্র জানায়, বিষয়টি নিয়ে বিভিন্ন মহলে উদ্বেগ দেখা দিয়েছে। স্থানীয় প্রশাসন পরিস্থিতি পর্যবেক্ষণ করছে এবং প্রয়োজনীয় ব্যবস্থা গ্রহণের কথা জানিয়েছে। এলাকাবাসী দ্রুত সমাধানের দাবি জানিয়েছেন।

আইন হাতে তুলে
নিজস্ব প্রতিবেদক

দেশে রাজনৈতিক পরিস্থিতি নিয়ে আলোচনা চলছে। সংশ্লিষ্ট সূত্র জানায়, বিষয়টি নিয়ে বিভিন্ন মহলে উদ্বেগ দেখা দিয়েছে। স্থানীয় প্রশাসন পরিস্থিতি পর্যবেক্ষণ করছে এবং প্রয়োজনীয় ব্যবস্থা গ্রহণের কথা জানিয়েছে। এলাকাবাসী দ্রুত সমাধানের দাবি জানিয়েছেন। দেশে রাজনৈতিক পরিস্থিতি নিয়ে আলোচনা চলছে। সংশ্লিষ্ট সূত্র জানায়, বিষয়টি নিয়ে বিভিন্ন মহলে উদ্বেগ দেখা দিয়েছে। স্থানীয় প্রশাসন পরিস্থিতি পর্যবেক্ষণ করছে এবং প্রয়োজনীয় ব্যবস্থা গ্রহণের কথা জানিয়েছে। এলাকাবাসী দ্রুত সমাধানের দাবি জানিয়েছেন। দেশে রাজনৈতিক পরিস্থিতি নিয়ে আলোচনা চলছে। সংশ্লিষ্ট সূত্র জানায়, বিষয়টি নিয়ে বিভিন্ন মহলে উদ্বেগ দেখা দিয়েছে। স্থানীয় প্রশাসন পরিস্থিতি পর্যবেক্ষণ করছে এবং প্রয়োজনীয় ব্যবস্থা গ্রহণের কথা জানিয়েছে। এলাকাবাসী দ্রুত সমাধানের দাবি জানিয়েছেন। দেশে রাজনৈতিক পরিস্থিতি নিয়ে আলোচনা চলছে। সংশ্লিষ্ট সূত্র জানায়, বিষয়টি নিয়ে বিভিন্ন মহলে উদ্বেগ দেখা দিয়েছে। স্থানীয় প্রশাসন পরিস্থিতি পর্যবেক্ষণ করছে এবং প্রয়োজনীয় ব্যবস্থা গ্রহণের কথা জানিয়েছে। এলাকাবাসী দ্রুত সমাধানের দাবি জানিয়েছেন। দেশে রাজনৈতিক পরিস্থিতি নিয়ে আলোচনা চলছে। সংশ্লিষ্ট সূত্র জানায়, বিষয়টি নিয়ে বিভিন্ন মহলে উদ্বেগ দেখা দিয়েছে। স্থানীয় প্রশাসন পরিস্থিতি পর্যবেক্ষণ করছে এবং প্রয়োজনীয় ব্যবস্থা গ্রহণের কথা জানিয়েছে। এলাকাবাসী দ্রুত সমাধানের দাবি জানিয়েছেন।

দুটি অস্ত্রসহ সন্ত্রাসী ও
প্রতিনিধি

দেশে রাজনৈতিক পরিস্থিতি নিয়ে আলোচনা চলছে। সংশ্লিষ্ট সূত্র জানায়, বিষয়টি নিয়ে বিভিন্ন মহলে উদ্বেগ দেখা দিয়েছে। স্থানীয় প্রশাসন পরিস্থিতি পর্যবেক্ষণ করছে এবং প্রয়োজনীয় ব্যবস্থা গ্রহণের কথা জানিয়েছে। এলাকাবাসী দ্রুত সমাধানের দাবি জানিয়েছেন। দেশে রাজনৈতিক পরিস্থিতি নিয়ে আলোচনা চলছে। সংশ্লিষ্ট সূত্র জানায়, বিষয়টি নিয়ে বিভিন্ন মহলে উদ্বেগ দেখা দিয়েছে। স্থানীয় প্রশাসন পরিস্থিতি পর্যবেক্ষণ করছে এবং প্রয়োজনীয় ব্যবস্থা গ্রহণের কথা জানিয়েছে। এলাকাবাসী দ্রুত সমাধানের দাবি জানিয়েছেন। দেশে রাজনৈতিক পরিস্থিতি নিয়ে আলোচনা চলছে। সংশ্লিষ্ট সূত্র জানায়, বিষয়টি নিয়ে বিভিন্ন মহলে উদ্বেগ দেখা দিয়েছে। স্থানীয় প্রশাসন পরিস্থিতি পর্যবেক্ষণ করছে এবং প্রয়োজনীয় ব্যবস্থা গ্রহণের কথা জানিয়েছে। এলাকাবাসী দ্রুত সমাধানের দাবি জানিয়েছেন। দেশে রাজনৈতিক পরিস্থিতি নিয়ে আলোচনা চলছে। সংশ্লিষ্ট সূত্র জানায়, বিষয়টি নিয়ে বিভিন্ন মহলে উদ্বেগ দেখা দিয়েছে। স্থানীয় প্রশাসন পরিস্থিতি পর্যবেক্ষণ করছে এবং প্রয়োজনীয় ব্যবস্থা গ্রহণের কথা জানিয়েছে। এলাকাবাসী দ্রুত সমাধানের দাবি জানিয়েছেন। দেশে রাজনৈতিক পরিস্থিতি নিয়ে আলোচনা চলছে। সংশ্লিষ্ট সূত্র জানায়, বিষয়টি নিয়ে বিভিন্ন মহলে উদ্বেগ দেখা দিয়েছে। স্থানীয় প্রশাসন পরিস্থিতি পর্যবেক্ষণ করছে এবং প্রয়োজনীয় ব্যবস্থা গ্রহণের কথা জানিয়েছে। এলাকাবাসী দ্রুত সমাধানের দাবি জানিয়েছেন। দেশে রাজনৈতিক পরিস্থিতি নিয়ে আলোচনা চলছে। সংশ্লিষ্ট সূত্র জানায়, বিষয়টি নিয়ে বিভিন্ন মহলে উদ্বেগ দেখা দিয়েছে। স্থানীয় প্রশাসন পরিস্থিতি পর্যবেক্ষণ করছে এবং প্রয়োজনীয় ব্যবস্থা গ্রহণের কথা জানিয়েছে। এলাকাবাসী দ্রুত সমাধানের দাবি জানিয়েছেন।

সবাইকে শান্ত থাকার
নিজস্ব প্রতিবেদক

দেশে রাজনৈতিক পরিস্থিতি নিয়ে আলোচনা চলছে। সংশ্লিষ্ট সূত্র জানায়, বিষয়টি নিয়ে বিভিন্ন মহলে উদ্বেগ দেখা দিয়েছে। স্থানীয় প্রশাসন পরিস্থিতি পর্যবেক্ষণ করছে এবং প্রয়োজনীয় ব্যবস্থা গ্রহণের কথা জানিয়েছে। এলাকাবাসী দ্রুত সমাধানের দাবি জানিয়েছেন। দেশে রাজনৈতিক পরিস্থিতি নিয়ে আলোচনা চলছে। সংশ্লিষ্ট সূত্র জানায়, বিষয়টি নিয়ে বিভিন্ন মহলে উদ্বেগ দেখা দিয়েছে। স্থানীয় প্রশাসন পরিস্থিতি পর্যবেক্ষণ করছে এবং প্রয়োজনীয় ব্যবস্থা গ্রহণের কথা জানিয়েছে। এলাকাবাসী দ্রুত সমাধানের দাবি জানিয়েছেন। দেশে রাজনৈতিক পরিস্থিতি নিয়ে আলোচনা চলছে। সংশ্লিষ্ট সূত্র জানায়, বিষয়টি নিয়ে বিভিন্ন মহলে উদ্বেগ দেখা দিয়েছে। স্থানীয় প্রশাসন পরিস্থিতি পর্যবেক্ষণ করছে এবং প্রয়োজনীয় ব্যবস্থা গ্রহণের কথা জানিয়েছে। এলাকাবাসী দ্রুত সমাধানের দাবি জানিয়েছেন।

দুর্গম পাহাড়ে বিজিবির
প্রতিনিধি

দেশে রাজনৈতিক পরিস্থিতি নিয়ে আলোচনা চলছে। সংশ্লিষ্ট সূত্র জানায়, বিষয়টি নিয়ে বিভিন্ন মহলে উদ্বেগ দেখা দিয়েছে। স্থানীয় প্রশাসন পরিস্থিতি পর্যবেক্ষণ করছে এবং প্রয়োজনীয় ব্যবস্থা গ্রহণের কথা জানিয়েছে। এলাকাবাসী দ্রুত সমাধানের দাবি জানিয়েছেন। দেশে রাজনৈতিক পরিস্থিতি নিয়ে আলোচনা চলছে। সংশ্লিষ্ট সূত্র জানায়, বিষয়টি নিয়ে বিভিন্ন মহলে উদ্বেগ দেখা দিয়েছে। স্থানীয় প্রশাসন পরিস্থিতি পর্যবেক্ষণ করছে এবং প্রয়োজনীয় ব্যবস্থা গ্রহণের কথা জানিয়েছে। এলাকাবাসী দ্রুত সমাধানের দাবি জানিয়েছেন। দেশে রাজনৈতিক পরিস্থিতি নিয়ে আলোচনা চলছে। সংশ্লিষ্ট সূত্র জানায়, বিষয়টি নিয়ে বিভিন্ন মহলে উদ্বেগ দেখা দিয়েছে। স্থানীয় প্রশাসন পরিস্থিতি পর্যবেক্ষণ করছে এবং প্রয়োজনীয় ব্যবস্থা গ্রহণের কথা জানিয়েছে। এলাকাবাসী দ্রুত সমাধানের দাবি জানিয়েছেন। দেশে রাজনৈতিক পরিস্থিতি নিয়ে আলোচনা চলছে। সংশ্লিষ্ট সূত্র জানায়, বিষয়টি নিয়ে বিভিন্ন মহলে উদ্বেগ দেখা দিয়েছে। স্থানীয় প্রশাসন পরিস্থিতি পর্যবেক্ষণ করছে এবং প্রয়োজনীয় ব্যবস্থা গ্রহণের কথা জানিয়েছে। এলাকাবাসী দ্রুত সমাধানের দাবি জানিয়েছেন। দেশে রাজনৈতিক পরিস্থিতি নিয়ে আলোচনা চলছে। সংশ্লিষ্ট সূত্র জানায়, বিষয়টি নিয়ে বিভিন্ন মহলে উদ্বেগ দেখা দিয়েছে। স্থানীয় প্রশাসন পরিস্থিতি পর্যবেক্ষণ করছে এবং প্রয়োজনীয় ব্যবস্থা গ্রহণের কথা জানিয়েছে। এলাকাবাসী দ্রুত সমাধানের দাবি জানিয়েছেন। দেশে রাজনৈতিক পরিস্থিতি নিয়ে আলোচনা চলছে। সংশ্লিষ্ট সূত্র জানায়, বিষয়টি নিয়ে বিভিন্ন মহলে উদ্বেগ দেখা দিয়েছে। স্থানীয় প্রশাসন পরিস্থিতি পর্যবেক্ষণ করছে এবং প্রয়োজনীয় ব্যবস্থা গ্রহণের কথা জানিয়েছে। এলাকাবাসী দ্রুত সমাধানের দাবি জানিয়েছেন। দেশে রাজনৈতিক পরিস্থিতি নিয়ে আলোচনা চলছে। সংশ্লিষ্ট সূত্র জানায়, বিষয়টি নিয়ে বিভিন্ন মহলে উদ্বেগ দেখা দিয়েছে। স্থানীয় প্রশাসন পরিস্থিতি পর্যবেক্ষণ করছে এবং প্রয়োজনীয় ব্যবস্থা গ্রহণের কথা জানিয়েছে। এলাকাবাসী দ্রুত সমাধানের দাবি জানিয়েছেন। দেশে রাজনৈতিক পরিস্থিতি নিয়ে আলোচনা চলছে। সংশ্লিষ্ট সূত্র জানায়, বিষয়টি নিয়ে বিভিন্ন মহলে উদ্বেগ দেখা দিয়েছে। স্থানীয় প্রশাসন পরিস্থিতি পর্যবেক্ষণ করছে এবং প্রয়োজনীয় ব্যবস্থা গ্রহণের কথা জানিয়েছে। এলাকাবাসী দ্রুত সমাধানের দাবি জানিয়েছেন। দেশে রাজনৈতিক পরিস্থিতি নিয়ে আলোচনা চলছে। সংশ্লিষ্ট সূত্র জানায়, বিষয়টি নিয়ে বিভিন্ন মহলে উদ্বেগ দেখা দিয়েছে। স্থানীয় প্রশাসন পরিস্থিতি পর্যবেক্ষণ করছে এবং প্রয়োজনীয় ব্যবস্থা গ্রহণের কথা জানিয়েছে। এলাকাবাসী দ্রুত সমাধানের দাবি জানিয়েছেন। দেশে রাজনৈতিক পরিস্থিতি নিয়ে আলোচনা চলছে। সংশ্লিষ্ট সূত্র জানায়, বিষয়টি নিয়ে বিভিন্ন মহলে উদ্বেগ দেখা দিয়েছে। স্থানীয় প্রশাসন পরিস্থিতি পর্যবেক্ষণ করছে এবং প্রয়োজনীয় ব্যবস্থা গ্রহণের কথা জানিয়েছে। এলাকাবাসী দ্রুত সমাধানের দাবি জানিয়েছেন। দেশে রাজনৈতিক পরিস্থিতি নিয়ে আলোচনা চলছে। সংশ্লিষ্ট সূত্র জানায়, বিষয়টি নিয়ে বিভিন্ন মহলে উদ্বেগ দেখা দিয়েছে। স্থানীয় প্রশাসন পরিস্থিতি পর্যবেক্ষণ করছে এবং প্রয়োজনীয় ব্যবস্থা গ্রহণের কথা জানিয়েছে। এলাকাবাসী দ্রুত সমাধানের দাবি জানিয়েছেন। দেশে রাজনৈতিক পরিস্থিতি নিয়ে আলোচনা চলছে। সংশ্লিষ্ট সূত্র জানায়, বিষয়টি নিয়ে বিভিন্ন মহলে উদ্বেগ দেখা দিয়েছে। স্থানীয় প্রশাসন পরিস্থিতি পর্যবেক্ষণ করছে এবং প্রয়োজনীয় ব্যবস্থা গ্রহণের কথা জানিয়েছে। এলাকাবাসী দ্রুত সমাধানের দাবি জানিয়েছেন।

দুই খতিবের 'দ্বন্দ্ব'
বিশেষ প্রতিনিধি

দেশে রাজনৈতিক পরিস্থিতি নিয়ে আলোচনা চলছে। সংশ্লিষ্ট সূত্র জানায়, বিষয়টি নিয়ে বিভিন্ন মহলে উদ্বেগ দেখা দিয়েছে। স্থানীয় প্রশাসন পরিস্থিতি পর্যবেক্ষণ করছে এবং প্রয়োজনীয় ব্যবস্থা গ্রহণের কথা জানিয়েছে। এলাকাবাসী দ্রুত সমাধানের দাবি জানিয়েছেন। দেশে রাজনৈতিক পরিস্থিতি নিয়ে আলোচনা চলছে। সংশ্লিষ্ট সূত্র জানায়, বিষয়টি নিয়ে বিভিন্ন মহলে উদ্বেগ দেখা দিয়েছে। স্থানীয় প্রশাসন পরিস্থিতি পর্যবেক্ষণ করছে এবং প্রয়োজনীয় ব্যবস্থা গ্রহণের কথা জানিয়েছে। এলাকাবাসী দ্রুত সমাধানের দাবি জানিয়েছেন। দেশে রাজনৈতিক পরিস্থিতি নিয়ে আলোচনা চলছে। সংশ্লিষ্ট সূত্র জানায়, বিষয়টি নিয়ে বিভিন্ন মহলে উদ্বেগ দেখা দিয়েছে। স্থানীয় প্রশাসন পরিস্থিতি পর্যবেক্ষণ করছে এবং প্রয়োজনীয় ব্যবস্থা গ্রহণের কথা জানিয়েছে। এলাকাবাসী দ্রুত সমাধানের দাবি জানিয়েছেন। দেশে রাজনৈতিক পরিস্থিতি নিয়ে আলোচনা চলছে। সংশ্লিষ্ট সূত্র জানায়, বিষয়টি নিয়ে বিভিন্ন মহলে উদ্বেগ দেখা দিয়েছে। স্থানীয় প্রশাসন পরিস্থিতি পর্যবেক্ষণ করছে এবং প্রয়োজনীয় ব্যবস্থা গ্রহণের কথা জানিয়েছে। এলাকাবাসী দ্রুত সমাধানের দাবি জানিয়েছেন। দেশে রাজনৈতিক পরিস্থিতি নিয়ে আলোচনা চলছে। সংশ্লিষ্ট সূত্র জানায়, বিষয়টি নিয়ে বিভিন্ন মহলে উদ্বেগ দেখা দিয়েছে। স্থানীয় প্রশাসন পরিস্থিতি পর্যবেক্ষণ করছে এবং প্রয়োজনীয় ব্যবস্থা গ্রহণের কথা জানিয়েছে। এলাকাবাসী দ্রুত সমাধানের দাবি জানিয়েছেন। দেশে রাজনৈতিক পরিস্থিতি নিয়ে আলোচনা চলছে। সংশ্লিষ্ট সূত্র জানায়, বিষয়টি নিয়ে বিভিন্ন মহলে উদ্বেগ দেখা দিয়েছে। স্থানীয় প্রশাসন পরিস্থিতি পর্যবেক্ষণ করছে এবং প্রয়োজনীয় ব্যবস্থা গ্রহণের কথা জানিয়েছে। এলাকাবাসী দ্রুত সমাধানের দাবি জানিয়েছেন। দেশে রাজনৈতিক পরিস্থিতি নিয়ে আলোচনা চলছে। সংশ্লিষ্ট সূত্র জানায়, বিষয়টি নিয়ে বিভিন্ন মহলে উদ্বেগ দেখা দিয়েছে। স্থানীয় প্রশাসন পরিস্থিতি পর্যবেক্ষণ করছে এবং প্রয়োজনীয় ব্যবস্থা গ্রহণের কথা জানিয়েছে। এলাকাবাসী দ্রুত সমাধানের দাবি জানিয়েছেন। দেশে রাজনৈতিক পরিস্থিতি নিয়ে আলোচনা চলছে। সংশ্লিষ্ট সূত্র জানায়, বিষয়টি নিয়ে বিভিন্ন মহলে উদ্বেগ দেখা দিয়েছে। স্থানীয় প্রশাসন পরিস্থিতি পর্যবেক্ষণ করছে এবং প্রয়োজনীয় ব্যবস্থা গ্রহণের কথা জানিয়েছে। এলাকাবাসী দ্রুত সমাধানের দাবি জানিয়েছেন। দেশে রাজনৈতিক পরিস্থিতি নিয়ে আলোচনা চলছে। সংশ্লিষ্ট সূত্র জানায়, বিষয়টি নিয়ে বিভিন্ন মহলে উদ্বেগ দেখা দিয়েছে। স্থানীয় প্রশাসন পরিস্থিতি পর্যবেক্ষণ করছে এবং প্রয়োজনীয় ব্যবস্থা গ্রহণের কথা জানিয়েছে। এলাকাবাসী দ্রুত সমাধানের দাবি জানিয়েছেন। দেশে রাজনৈতিক পরিস্থিতি নিয়ে আলোচনা চলছে। সংশ্লিষ্ট সূত্র জানায়, বিষয়টি নিয়ে বিভিন্ন মহলে উদ্বেগ দেখা দিয়েছে। স্থানীয় প্রশাসন পরিস্থিতি পর্যবেক্ষণ করছে এবং প্রয়োজনীয় ব্যবস্থা গ্রহণের কথা জানিয়েছে। এলাকাবাসী দ্রুত সমাধানের দাবি জানিয়েছেন। দেশে রাজনৈতিক পরিস্থিতি নিয়ে আলোচনা চলছে। সংশ্লিষ্ট সূত্র জানায়, বিষয়টি নিয়ে বিভিন্ন মহলে উদ্বেগ দেখা দিয়েছে। স্থানীয় প্রশাসন পরিস্থিতি পর্যবেক্ষণ করছে এবং প্রয়োজনীয় ব্যবস্থা গ্রহণের কথা জানিয়েছে। এলাকাবাসী দ্রুত সমাধানের দাবি জানিয়েছেন। দেশে রাজনৈতিক পরিস্থিতি নিয়ে আলোচনা চলছে। সংশ্লিষ্ট সূত্র জানায়, বিষয়টি নিয়ে বিভিন্ন মহলে উদ্বেগ দেখা দিয়েছে। স্থানীয় প্রশাসন পরিস্থিতি পর্যবেক্ষণ করছে এবং প্রয়োজনীয় ব্যবস্থা গ্রহণের কথা জানিয়েছে। এলাকাবাসী দ্রুত সমাধানের দাবি জানিয়েছেন। দেশে রাজনৈতিক পরিস্থিতি নিয়ে আলোচনা চলছে। সংশ্লিষ্ট সূত্র জানায়, বিষয়টি নিয়ে বিভিন্ন মহলে উদ্বেগ দেখা দিয়েছে। স্থানীয় প্রশাসন পরিস্থিতি পর্যবেক্ষণ করছে এবং প্রয়োজনীয় ব্যবস্থা গ্রহণের কথা জানিয়েছে। এলাকাবাসী দ্রুত সমাধানের দাবি জানিয়েছেন। দেশে রাজনৈতিক পরিস্থিতি নিয়ে আলোচনা চলছে। সংশ্লিষ্ট সূত্র জানায়, বিষয়টি নিয়ে বিভিন্ন মহলে উদ্বেগ দেখা দিয়েছে। স্থানীয় প্রশাসন পরিস্থিতি পর্যবেক্ষণ করছে এবং প্রয়োজনীয় ব্যবস্থা গ্রহণের কথা জানিয়েছে। এলাকাবাসী দ্রুত সমাধানের দাবি জানিয়েছেন।

ফুলে ফুলে দুর্গম দ্বারে
নিজস্ব প্রতিবেদক

দেশে রাজনৈতিক পরিস্থিতি নিয়ে আলোচনা চলছে। সংশ্লিষ্ট সূত্র জানায়, বিষয়টি নিয়ে বিভিন্ন মহলে উদ্বেগ দেখা দিয়েছে। স্থানীয় প্রশাসন পরিস্থিতি পর্যবেক্ষণ করছে এবং প্রয়োজনীয় ব্যবস্থা গ্রহণের কথা জানিয়েছে। এলাকাবাসী দ্রুত সমাধানের দাবি জানিয়েছেন। দেশে রাজনৈতিক পরিস্থিতি নিয়ে আলোচনা চলছে। সংশ্লিষ্ট সূত্র জানায়, বিষয়টি নিয়ে বিভিন্ন মহলে উদ্বেগ দেখা দিয়েছে। স্থানীয় প্রশাসন পরিস্থিতি পর্যবেক্ষণ করছে এবং প্রয়োজনীয় ব্যবস্থা গ্রহণের কথা জানিয়েছে। এলাকাবাসী দ্রুত সমাধানের দাবি জানিয়েছেন। দেশে রাজনৈতিক পরিস্থিতি নিয়ে আলোচনা চলছে। সংশ্লিষ্ট সূত্র জানায়, বিষয়টি নিয়ে বিভিন্ন মহলে উদ্বেগ দেখা দিয়েছে। স্থানীয় প্রশাসন পরিস্থিতি পর্যবেক্ষণ করছে এবং প্রয়োজনীয় ব্যবস্থা গ্রহণের কথা জানিয়েছে। এলাকাবাসী দ্রুত সমাধানের দাবি জানিয়েছেন। দেশে রাজনৈতিক পরিস্থিতি নিয়ে আলোচনা চলছে। সংশ্লিষ্ট সূত্র জানায়, বিষয়টি নিয়ে বিভিন্ন মহলে উদ্বেগ দেখা দিয়েছে। স্থানীয় প্রশাসন পরিস্থিতি পর্যবেক্ষণ করছে এবং প্রয়োজনীয় ব্যবস্থা গ্রহণের কথা জানিয়েছে। এলাকাবাসী দ্রুত সমাধানের দাবি জানিয়েছেন। দেশে রাজনৈতিক পরিস্থিতি নিয়ে আলোচনা চলছে। সংশ্লিষ্ট সূত্র জানায়, বিষয়টি নিয়ে বিভিন্ন মহলে উদ্বেগ দেখা দিয়েছে। স্থানীয় প্রশাসন পরিস্থিতি পর্যবেক্ষণ করছে এবং প্রয়োজনীয় ব্যবস্থা গ্রহণের কথা জানিয়েছে। এলাকাবাসী দ্রুত সমাধানের দাবি জানিয়েছেন। দেশে রাজনৈতিক পরিস্থিতি নিয়ে আলোচনা চলছে। সংশ্লিষ্ট সূত্র জানায়, বিষয়টি নিয়ে বিভিন্ন মহলে উদ্বেগ দেখা দিয়েছে। স্থানীয় প্রশাসন পরিস্থিতি পর্যবেক্ষণ করছে এবং প্রয়োজনীয় ব্যবস্থা গ্রহণের কথা জানিয়েছে। এলাকাবাসী দ্রুত সমাধানের দাবি জানিয়েছেন। দেশে রাজনৈতিক পরিস্থিতি নিয়ে আলোচনা চলছে। সংশ্লিষ্ট সূত্র জানায়, বিষয়টি নিয়ে বিভিন্ন মহলে উদ্বেগ দেখা দিয়েছে। স্থানীয় প্রশাসন পরিস্থিতি পর্যবেক্ষণ করছে এবং প্রয়োজনীয় ব্যবস্থা গ্রহণের কথা জানিয়েছে। এলাকাবাসী দ্রুত সমাধানের দাবি জানিয়েছেন। দেশে রাজনৈতিক পরিস্থিতি নিয়ে আলোচনা চলছে। সংশ্লিষ্ট সূত্র জানায়, বিষয়টি নিয়ে বিভিন্ন মহলে উদ্বেগ দেখা দিয়েছে। স্থানীয় প্রশাসন পরিস্থিতি পর্যবেক্ষণ করছে এবং প্রয়োজনীয় ব্যবস্থা গ্রহণের কথা জানিয়েছে। এলাকাবাসী দ্রুত সমাধানের দাবি জানিয়েছেন। দেশে রাজনৈতিক পরিস্থিতি নিয়ে আলোচনা চলছে। সংশ্লিষ্ট সূত্র জানায়, বিষয়টি নিয়ে বিভিন্ন মহলে উদ্বেগ দেখা দিয়েছে। স্থানীয় প্রশাসন পরিস্থিতি পর্যবেক্ষণ করছে এবং প্রয়োজনীয় ব্যবস্থা গ্রহণের কথা জানিয়েছে। এলাকাবাসী দ্রুত সমাধানের দাবি জানিয়েছেন। দেশে রাজনৈতিক পরিস্থিতি নিয়ে আলোচনা চলছে। সংশ্লিষ্ট সূত্র জানায়, বিষয়টি নিয়ে বিভিন্ন মহলে উদ্বেগ দেখা দিয়েছে। স্থানীয় প্রশাসন পরিস্থিতি পর্যবেক্ষণ করছে এবং প্রয়োজনীয় ব্যবস্থা গ্রহণের কথা জানিয়েছে। এলাকাবাসী দ্রুত সমাধানের দাবি জানিয়েছেন। দেশে রাজনৈতিক পরিস্থিতি নিয়ে আলোচনা চলছে। সংশ্লিষ্ট সূত্র জানায়, বিষয়টি নিয়ে বিভিন্ন মহলে উদ্বেগ দেখা দিয়েছে। স্থানীয় প্রশাসন পরিস্থিতি পর্যবেক্ষণ করছে এবং প্রয়োজনীয় ব্যবস্থা গ্রহণের কথা জানিয়েছে। এলাকাবাসী দ্রুত সমাধানের দাবি জানিয়েছেন। দেশে রাজনৈতিক পরিস্থিতি নিয়ে আলোচনা চলছে। সংশ্লিষ্ট সূত্র জানায়, বিষয়টি নিয়ে বিভিন্ন মহলে উদ্বেগ দেখা দিয়েছে। স্থানীয় প্রশাসন পরিস্থিতি পর্যবেক্ষণ করছে এবং প্রয়োজনীয় ব্যবস্থা গ্রহণের কথা জানিয়েছে। এলাকাবাসী দ্রুত সমাধানের দাবি জানিয়েছেন। দেশে রাজনৈতিক পরিস্থিতি নিয়ে আলোচনা চলছে। সংশ্লিষ্ট সূত্র জানায়, বিষয়টি নিয়ে বিভিন্ন মহলে উদ্বেগ দেখা দিয়েছে। স্থানীয় প্রশাসন পরিস্থিতি পর্যবেক্ষণ করছে এবং প্রয়োজনীয় ব্যবস্থা গ্রহণের কথা জানিয়েছে। এলাকাবাসী দ্রুত সমাধানের দাবি জানিয়েছেন। দেশে রাজনৈতিক পরিস্থিতি নিয়ে আলোচনা চলছে। সংশ্লিষ্ট সূত্র জানায়, বিষয়টি নিয়ে বিভিন্ন মহলে উদ্বেগ দেখা দিয়েছে। স্থানীয় প্রশাসন পরিস্থিতি পর্যবেক্ষণ করছে এবং প্রয়োজনীয় ব্যবস্থা গ্রহণের কথা জানিয়েছে। এলাকাবাসী দ্রুত সমাধানের দাবি জানিয়েছেন।

এরশাদ মনসুরের পাত
নিজস্ব প্রতিবেদক

দেশে রাজনৈতিক পরিস্থিতি নিয়ে আলোচনা চলছে। সংশ্লিষ্ট সূত্র জানায়, বিষয়টি নিয়ে বিভিন্ন মহলে উদ্বেগ দেখা দিয়েছে। স্থানীয় প্রশাসন পরিস্থিতি পর্যবেক্ষণ করছে এবং প্রয়োজনীয় ব্যবস্থা গ্রহণের কথা জানিয়েছে। এলাকাবাসী দ্রুত সমাধানের দাবি জানিয়েছেন। দেশে রাজনৈতিক পরিস্থিতি নিয়ে আলোচনা চলছে। সংশ্লিষ্ট সূত্র জানায়, বিষয়টি নিয়ে বিভিন্ন মহলে উদ্বেগ দেখা দিয়েছে। স্থানীয় প্রশাসন পরিস্থিতি পর্যবেক্ষণ করছে এবং প্রয়োজনীয় ব্যবস্থা গ্রহণের কথা জানিয়েছে। এলাকাবাসী দ্রুত সমাধানের দাবি জানিয়েছেন। দেশে রাজনৈতিক পরিস্থিতি নিয়ে আলোচনা চলছে। সংশ্লিষ্ট সূত্র জানায়, বিষয়টি নিয়ে বিভিন্ন মহলে উদ্বেগ দেখা দিয়েছে। স্থানীয় প্রশাসন পরিস্থিতি পর্যবেক্ষণ করছে এবং প্রয়োজনীয় ব্যবস্থা গ্রহণের কথা জানিয়েছে। এলাকাবাসী দ্রুত সমাধানের দাবি জানিয়েছেন। দেশে রাজনৈতিক পরিস্থিতি নিয়ে আলোচনা চলছে। সংশ্লিষ্ট সূত্র জানায়, বিষয়টি নিয়ে বিভিন্ন মহলে উদ্বেগ দেখা দিয়েছে। স্থানীয় প্রশাসন পরিস্থিতি পর্যবেক্ষণ করছে এবং প্রয়োজনীয় ব্যবস্থা গ্রহণের কথা জানিয়েছে। এলাকাবাসী দ্রুত সমাধানের দাবি জানিয়েছেন। দেশে রাজনৈতিক পরিস্থিতি নিয়ে আলোচনা চলছে। সংশ্লিষ্ট সূত্র জানায়, বিষয়টি নিয়ে বিভিন্ন মহলে উদ্বেগ দেখা দিয়েছে। স্থানীয় প্রশাসন পরিস্থিতি পর্যবেক্ষণ করছে এবং প্রয়োজনীয় ব্যবস্থা গ্রহণের কথা জানিয়েছে। এলাকাবাসী দ্রুত সমাধানের দাবি জানিয়েছেন। দেশে রাজনৈতিক পরিস্থিতি নিয়ে আলোচনা চলছে। সংশ্লিষ্ট সূত্র জানায়, বিষয়টি নিয়ে বিভিন্ন মহলে উদ্বেগ দেখা দিয়েছে। স্থানীয় প্রশাসন পরিস্থিতি পর্যবেক্ষণ করছে এবং প্রয়োজনীয় ব্যবস্থা গ্রহণের কথা জানিয়েছে। এলাকাবাসী দ্রুত সমাধানের দাবি জানিয়েছেন। দেশে রাজনৈতিক পরিস্থিতি নিয়ে আলোচনা চলছে। সংশ্লিষ্ট সূত্র জানায়, বিষয়টি নিয়ে বিভিন্ন মহলে উদ্বেগ দেখা দিয়েছে। স্থানীয় প্রশাসন পরিস্থিতি পর্যবেক্ষণ করছে এবং প্রয়োজনীয় ব্যবস্থা গ্রহণের কথা জানিয়েছে। এলাকাবাসী দ্রুত সমাধানের দাবি জানিয়েছেন। দেশে রাজনৈতিক পরিস্থিতি নিয়ে আলোচনা চলছে। সংশ্লিষ্ট সূত্র জানায়, বিষয়টি নিয়ে বিভিন্ন মহলে উদ্বেগ দেখা দিয়েছে। স্থানীয় প্রশাসন পরিস্থিতি পর্যবেক্ষণ করছে এবং প্রয়োজনীয় ব্যবস্থা গ্রহণের কথা জানিয়েছে। এলাকাবাসী দ্রুত সমাধানের দাবি জানিয়েছেন। দেশে রাজনৈতিক পরিস্থিতি নিয়ে আলোচনা চলছে। সংশ্লিষ্ট সূত্র জানায়, বিষয়টি নিয়ে বিভিন্ন মহলে উদ্বেগ দেখা দিয়েছে। স্থানীয় প্রশাসন পরিস্থিতি পর্যবেক্ষণ করছে এবং প্রয়োজনীয় ব্যবস্থা গ্রহণের কথা জানিয়েছে। এলাকাবাসী দ্রুত সমাধানের দাবি জানিয়েছেন। দেশে রাজনৈতিক পরিস্থিতি নিয়ে আলোচনা চলছে। সংশ্লিষ্ট সূত্র জানায়, বিষয়টি নিয়ে বিভিন্ন মহলে উদ্বেগ দেখা দিয়েছে। স্থানীয় প্রশাসন পরিস্থিতি পর্যবেক্ষণ করছে এবং প্রয়োজনীয় ব্যবস্থা গ্রহণের কথা জানিয়েছে। এলাকাবাসী দ্রুত সমাধানের দাবি জানিয়েছেন। দেশে রাজনৈতিক পরিস্থিতি নিয়ে আলোচনা চলছে। সংশ্লিষ্ট সূত্র জানায়, বিষয়টি নিয়ে বিভিন্ন মহলে উদ্বেগ দেখা দিয়েছে। স্থানীয় প্রশাসন পরিস্থিতি পর্যবেক্ষণ করছে এবং প্রয়োজনীয় ব্যবস্থা গ্রহণের কথা জানিয়েছে। এলাকাবাসী দ্রুত সমাধানের দাবি জানিয়েছেন। দেশে রাজনৈতিক পরিস্থিতি নিয়ে আলোচনা চলছে। সংশ্লিষ্ট সূত্র জানায়, বিষয়টি নিয়ে বিভিন্ন মহলে উদ্বেগ দেখা দিয়েছে। স্থানীয় প্রশাসন পরিস্থিতি পর্যবেক্ষণ করছে এবং প্রয়োজনীয় ব্যবস্থা গ্রহণের কথা জানিয়েছে। এলাকাবাসী দ্রুত সমাধানের দাবি জানিয়েছেন। দেশে রাজনৈতিক পরিস্থিতি নিয়ে আলোচনা চলছে। সংশ্লিষ্ট সূত্র জানায়, বিষয়টি নিয়ে বিভিন্ন মহলে উদ্বেগ দেখা দিয়েছে। স্থানীয় প্রশাসন পরিস্থিতি পর্যবেক্ষণ করছে এবং প্রয়োজনীয় ব্যবস্থা গ্রহণের কথা জানিয়েছে। এলাকাবাসী দ্রুত সমাধানের দাবি জানিয়েছেন। দেশে রাজনৈতিক পরিস্থিতি নিয়ে আলোচনা চলছে। সংশ্লিষ্ট সূত্র জানায়, বিষয়টি নিয়ে বিভিন্ন মহলে উদ্বেগ দেখা দিয়েছে। স্থানীয় প্রশাসন পরিস্থিতি পর্যবেক্ষণ করছে এবং প্রয়োজনীয় ব্যবস্থা গ্রহণের কথা জানিয়েছে। এলাকাবাসী দ্রুত সমাধানের দাবি জানিয়েছেন। দেশে রাজনৈতিক পরিস্থিতি নিয়ে আলোচনা চলছে। সংশ্লিষ্ট সূত্র জানায়, বিষয়টি নিয়ে বিভিন্ন মহলে উদ্বেগ দেখা দিয়েছে। স্থানীয় প্রশাসন পরিস্থিতি পর্যবেক্ষণ করছে এবং প্রয়োজনীয় ব্যবস্থা গ্রহণের কথা জানিয়েছে। এলাকাবাসী দ্রুত সমাধানের দাবি জানিয়েছেন। দেশে রাজনৈতিক পরিস্থিতি নিয়ে আলোচনা চলছে। সংশ্লিষ্ট সূত্র জানায়, বিষয়টি নিয়ে বিভিন্ন মহলে উদ্বেগ দেখা দিয়েছে। স্থানীয় প্রশাসন পরিস্থিতি পর্যবেক্ষণ করছে এবং প্রয়োজনীয় ব্যবস্থা গ্রহণের কথা জানিয়েছে। এলাকাবাসী দ্রুত সমাধানের দাবি জানিয়েছেন। দেশে রাজনৈতিক পরিস্থিতি নিয়ে আলোচনা চলছে। সংশ্লিষ্ট সূত্র জানায়, বিষয়টি নিয়ে বিভিন্ন মহলে উদ্বেগ দেখা দিয়েছে। স্থানীয় প্রশাসন পরিস্থিতি পর্যবেক্ষণ করছে এবং প্রয়োজনীয় ব্যবস্থা গ্রহণের কথা জানিয়েছে। এলাকাবাসী দ্রুত সমাধানের দাবি জানিয়েছেন। দেশে রাজনৈতিক পরিস্থিতি নিয়ে আলোচনা চলছে। সংশ্লিষ্ট সূত্র জানায়, বিষয়টি নিয়ে বিভিন্ন মহলে উদ্বেগ দেখা দিয়েছে। স্থানীয় প্রশাসন পরিস্থিতি পর্যবেক্ষণ করছে এবং প্রয়োজনীয় ব্যবস্থা গ্রহণের কথা জানিয়েছে। এলাকাবাসী দ্রুত সমাধানের দাবি জানিয়েছেন। দেশে রাজনৈতিক পরিস্থিতি নিয়ে আলোচনা চলছে। সংশ্লিষ্ট সূত্র জানায়, বিষয়টি নিয়ে বিভিন্ন মহলে উদ্বেগ দেখা দিয়েছে। স্থানীয় প্রশাসন পরিস্থিতি পর্যবেক্ষণ করছে এবং প্রয়োজনীয় ব্যবস্থা গ্রহণের কথা জানিয়েছে। এলাকাবাসী দ্রুত সমাধানের দাবি জানিয়েছেন। দেশে রাজনৈতিক পরিস্থিতি নিয়ে আলোচনা চলছে। সংশ্লিষ্ট সূত্র জানায়, বিষয়টি নিয়ে বিভিন্ন মহলে উদ্বেগ দেখা দিয়েছে। স্থানীয় প্রশাসন পরিস্থিতি পর্যবেক্ষণ করছে এবং প্রয়োজনীয় ব্যবস্থা গ্রহণের কথা জানিয়েছে। এলাকাবাসী দ্রুত সমাধানের দাবি জানিয়েছেন। দেশে রাজনৈতিক পরিস্থিতি নিয়ে আলোচনা চলছে। সংশ্লিষ্ট সূত্র জানায়, বিষয়টি নিয়ে বিভিন্ন মহলে উদ্বেগ দেখা দিয়েছে। স্থানীয় প্রশাসন পরিস্থিতি পর্যবেক্ষণ করছে এবং প্রয়োজনীয় ব্যবস্থা গ্রহণের কথা জানিয়েছে। এলাকাবাসী দ্রুত সমাধানের দাবি জানিয়েছেন। দেশে রাজনৈতিক পরিস্থিতি নিয়ে আলোচনা চলছে। সংশ্লিষ্ট সূত্র জানায়, বিষয়টি নিয়ে বিভিন্ন মহলে উদ্বেগ দেখা দিয়েছে। স্থানীয় প্রশাসন পরিস্থিতি পর্যবেক্ষণ করছে এবং প্রয়োজনীয় ব্যবস্থা গ্রহণের কথা জানিয়েছে। এলাকাবাসী দ্রুত সমাধানের দাবি জানিয়েছেন। দেশে রাজনৈতিক পরিস্থিতি নিয়ে আলোচনা চলছে। সংশ্লিষ্ট সূত্র জানায়, বিষয়টি নিয়ে বিভিন্ন মহলে উদ্বেগ দেখা দিয়েছে। স্থানীয় প্রশাসন পরিস্থিতি পর্যবেক্ষণ করছে এবং প্রয়োজনীয় ব্যবস্থা গ্রহণের কথা জানিয়েছে। এলাকাবাসী দ্রুত সমাধানের দাবি জানিয়েছেন। দেশে রাজনৈতিক পরিস্থিতি নিয়ে আলোচনা চলছে। সংশ্লিষ্ট সূত্র জানায়, বিষয়টি নিয়ে বিভিন্ন মহলে উদ্বেগ দেখা দিয়েছে। স্থানীয় প্রশাসন পরিস্থিতি পর্যবেক্ষণ করছে এবং প্রয়োজনীয় ব্যবস্থা গ্রহণের কথা জানিয়েছে। এলাকাবাসী দ্রুত সমাধানের দাবি জানিয়েছেন। দেশে রাজনৈতিক পরিস্থিতি নিয়ে আলোচনা চলছে। সংশ্লিষ্ট সূত্র জানায়, বিষয়টি নিয়ে বিভিন্ন মহলে উদ্বেগ দেখা দিয়েছে। স্থানীয় প্রশাসন পরিস্থিতি পর্যবেক্ষণ করছে এবং প্রয়োজনীয় ব্যবস্থা গ্রহণের কথা জানিয়েছে। এলাকাবাসী দ্রুত সমাধানের দাবি জানিয়েছেন। দেশে রাজনৈতিক পরিস্থিতি নিয়ে আলোচনা চলছে। সংশ্লিষ্ট সূত্র জানায়, বিষয়টি নিয়ে বিভিন্ন মহলে উদ্বেগ দেখা দিয়েছে। স্থানীয় প্রশাসন পরিস্থিতি পর্যবেক্ষণ করছে এবং প্রয়োজনীয় ব্যবস্থা গ্রহণের কথা জানিয়েছে। এলাকাবাসী দ্রুত সমাধানের দাবি জানিয়েছেন। দেশে রাজনৈতিক পরিস্থিতি নিয়ে আলোচনা চলছে। সংশ্লিষ্ট সূত্র জানায়, বিষয়টি নিয়ে বিভিন্ন মহলে উদ্বেগ দেখা দিয়েছে। স্থানীয় প্রশাসন পরিস্থিতি পর্যবেক্ষণ করছে এবং প্রয়োজনীয় ব্যবস্থা গ্রহণের কথা জানিয়েছে। এলাকাবাসী দ্রুত সমাধানের দাবি জানিয়েছেন। দেশে রাজনৈতিক পরিস্থিতি নিয়ে আলোচনা চলছে। সংশ্লিষ্ট সূত্র জানায়, বিষয়টি নিয়ে বিভিন্ন মহলে উদ্বেগ দেখা দিয়েছে। স্থানীয় প্রশাসন পরিস্থিতি পর্যবেক্ষণ করছে এবং প্রয়োজনীয় ব্যবস্থা গ্রহণের কথা জানিয়েছে। এলাকাবাসী দ্রুত সমাধানের দাবি জানিয়েছেন। দেশে রাজনৈতিক পরিস্থিতি নিয়ে আলোচনা চলছে। সংশ্লিষ্ট সূত্র জানায়, বিষয়টি নিয়ে বিভিন্ন মহলে উদ্বেগ দেখা দিয়েছে। স্থানীয় প্রশাসন পরিস্থিতি পর্যবেক্ষণ করছে এবং প্রয়োজনীয় ব্যবস্থা গ্রহণের কথা জানিয়েছে। এলাকাবাসী দ্রুত সমাধানের দাবি জানিয়েছেন। দেশে রাজনৈতিক পরিস্থিতি নিয়ে আলোচনা চলছে। সংশ্লিষ্ট সূত্র জানায়, বিষয়টি নিয়ে বিভিন্ন মহলে উদ্বেগ দেখা দিয়েছে। স্থানীয় প্রশাসন পরিস্থিতি পর্যবেক্ষণ করছে এবং প্রয়োজনীয় ব্যবস্থা গ্রহণের কথা জানিয়েছে। এলাকাবাসী দ্রুত সমাধানের দাবি জানিয়েছেন।

ছাত্র-জনতার ওপর গুলি
আওয়ামী লীগ নেতা
মোশাররফ গ্রেপ্তার
নিজস্ব প্রতিবেদক

দেশে রাজনৈতিক পরিস্থিতি নিয়ে আলোচনা চলছে। সংশ্লিষ্ট সূত্র জানায়, বিষয়টি নিয়ে বিভিন্ন মহলে উদ্বেগ দেখা দিয়েছে। স্থানীয় প্রশাসন পরিস্থিতি পর্যবেক্ষণ করছে এবং প্রয়োজনীয় ব্যবস্থা গ্রহণের কথা জানিয়েছে। এলাকাবাসী দ্রুত সমাধানের দাবি জানিয়েছেন। দেশে রাজনৈতিক পরিস্থিতি নিয়ে আলোচনা চলছে। সংশ্লিষ্ট সূত্র জানায়, বিষয়টি নিয়ে বিভিন্ন মহলে উদ্বেগ দেখা দিয়েছে। স্থানীয় প্রশাসন পরিস্থিতি পর্যবেক্ষণ করছে এবং প্রয়োজনীয় ব্যবস্থা গ্রহণের কথা জানিয়েছে। এলাকাবাসী দ্রুত সমাধানের দাবি জানিয়েছেন। দেশে রাজনৈতিক পরিস্থিতি নিয়ে আলোচনা চলছে। সংশ্লিষ্ট সূত্র জানায়, বিষয়টি নিয়ে বিভিন্ন মহলে উদ্বেগ দেখা দিয়েছে। স্থানীয় প্রশাসন পরিস্থিতি পর্যবেক্ষণ করছে এবং প্রয়োজনীয় ব্যবস্থা গ্রহণের কথা জানিয়েছে। এলাকাবাসী দ্রুত সমাধানের দাবি জানিয়েছেন। দেশে রাজনৈতিক পরিস্থিতি নিয়ে আলোচনা চলছে। সংশ্লিষ্ট সূত্র জানায়, বিষয়টি নিয়ে বিভিন্ন মহলে উদ্বেগ দেখা দিয়েছে। স্থানীয় প্রশাসন পরিস্থিতি পর্যবেক্ষণ করছে এবং প্রয়োজনীয় ব্যবস্থা গ্রহণের কথা জানিয়েছে। এলাকাবাসী দ্রুত সমাধানের দাবি জানিয়েছেন। দেশে রাজনৈতিক পরিস্থিতি নিয়ে আলোচনা চলছে। সংশ্লিষ্ট সূত্র জানায়, বিষয়টি নিয়ে বিভিন্ন মহলে উদ্বেগ দেখা দিয়েছে। স্থানীয় প্রশাসন পরিস্থিতি পর্যবেক্ষণ করছে এবং প্রয়োজনীয় ব্যবস্থা গ্রহণের কথা জানিয়েছে। এলাকাবাসী দ্রুত সমাধানের দাবি জানিয়েছেন। দেশে রাজনৈতিক পরিস্থিতি নিয়ে আলোচনা চলছে। সংশ্লিষ্ট সূত্র জানায়, বিষয়টি নিয়ে বিভিন্ন মহলে উদ্বেগ দেখা দিয়েছে। স্থানীয় প্রশাসন পরিস্থিতি পর্যবেক্ষণ করছে এবং প্রয়োজনীয় ব্যবস্থা গ্রহণের কথা জানিয়েছে। এলাকাবাসী দ্রুত সমাধানের দাবি জানিয়েছেন। দেশে রাজনৈতিক পরিস্থিতি নিয়ে আলোচনা চলছে। সংশ্লিষ্ট সূত্র জানায়, বিষয়টি নিয়ে বিভিন্ন মহলে উদ্বেগ দেখা দিয়েছে। স্থানীয় প্রশাসন পরিস্থিতি পর্যবেক্ষণ করছে এবং প্রয়োজনীয় ব্যবস্থা গ্রহণের কথা জানিয়েছে। এলাকাবাসী দ্রুত সমাধানের দাবি জানিয়েছেন। দেশে রাজনৈতিক পরিস্থিতি নিয়ে আলোচনা চলছে। সংশ্লিষ্ট সূত্র জানায়, বিষয়টি নিয়ে বিভিন্ন মহলে উদ্বেগ দেখা দিয়েছে। স্থানীয় প্রশাসন পরিস্থিতি পর্যবেক্ষণ করছে এবং প্রয়োজনীয় ব্যবস্থা গ্রহণের কথা জানিয়েছে। এলাকাবাসী দ্রুত সমাধানের দাবি জানিয়েছেন।

সাবেক কুমিল্লা
প্রতিনিধি

দেশে রাজনৈতিক পরিস্থিতি নিয়ে আলোচনা চলছে। সংশ্লিষ্ট সূত্র জানায়, বিষয়টি নিয়ে বিভিন্ন মহলে উদ্বেগ দেখা দিয়েছে। স্থানীয় প্রশাসন পরিস্থিতি পর্যবেক্ষণ করছে এবং প্রয়োজনীয় ব্যবস্থা গ্রহণের কথা জানিয়েছে। এলাকাবাসী দ্রুত সমাধানের দাবি জানিয়েছেন। দেশে রাজনৈতিক পরিস্থিতি নিয়ে আলোচনা চলছে। সংশ্লিষ্ট সূত্র জানায়, বিষয়টি নিয়ে বিভিন্ন মহলে উদ্বেগ দেখা দিয়েছে। স্থানীয় প্রশাসন পরিস্থিতি পর্যবেক্ষণ করছে এবং প্রয়োজনীয় ব্যবস্থা গ্রহণের কথা জানিয়েছে। এলাকাবাসী দ্রুত সমাধানের দাবি জানিয়েছেন। দেশে রাজনৈতিক পরিস্থিতি নিয়ে আলোচনা চলছে। সংশ্লিষ্ট সূত্র জানায়, বিষয়টি নিয়ে বিভিন্ন মহলে উদ্বেগ দেখা দিয়েছে। স্থানীয় প্রশাসন পরিস্থিতি পর্যবেক্ষণ করছে এবং প্রয়োজনীয় ব্যবস্থা গ্রহণের কথা জানিয়েছে। এলাকাবাসী দ্রুত সমাধানের দাবি জানিয়েছেন। দেশে রাজনৈতিক পরিস্থিতি নিয়ে আলোচনা চলছে। সংশ্লিষ্ট সূত্র জানায়, বিষয়টি নিয়ে বিভিন্ন মহলে উদ্বেগ দেখা দিয়েছে। স্থানীয় প্রশাসন পরিস্থিতি পর্যবেক্ষণ করছে এবং প্রয়োজনীয় ব্যবস্থা গ্রহণের কথা জানিয়েছে। এলাকাবাসী দ্রুত সমাধানের দাবি জানিয়েছেন। দেশে রাজনৈতিক পরিস্থিতি নিয়ে আলোচনা চলছে। সংশ্লিষ্ট সূত্র জানায়, বিষয়টি নিয়ে বিভিন্ন মহলে উদ্বেগ দেখা দিয়েছে। স্থানীয় প্রশাসন পরিস্থিতি পর্যবেক্ষণ করছে এবং প্রয়োজনীয় ব্যবস্থা গ্রহণের কথা জানিয়েছে। এলাকাবাসী দ্রুত সমাধানের দাবি জানিয়েছেন।

প্রশাসনে শর্তের
নিজস্ব প্রতিবেদক

দেশে রাজনৈতিক পরিস্থিতি নিয়ে আলোচনা চলছে। সংশ্লিষ্ট সূত্র জানায়, বিষয়টি নিয়ে বিভিন্ন মহলে উদ্বেগ দেখা দিয়েছে। স্থানীয় প্রশাসন পরিস্থিতি পর্যবেক্ষণ করছে এবং প্রয়োজনীয় ব্যবস্থা গ্রহণের কথা জানিয়েছে। এলাকাবাসী দ্রুত সমাধানের দাবি জানিয়েছেন। দেশে রাজনৈতিক পরিস্থিতি নিয়ে আলোচনা চলছে। সংশ্লিষ্ট সূত্র জানায়, বিষয়টি নিয়ে বিভিন্ন মহলে উদ্বেগ দেখা দিয়েছে। স্থানীয় প্রশাসন পরিস্থিতি পর্যবেক্ষণ করছে এবং প্রয়োজনীয় ব্যবস্থা গ্রহণের কথা জানিয়েছে। এলাকাবাসী দ্রুত সমাধানের দাবি জানিয়েছেন। দেশে রাজনৈতিক পরিস্থিতি নিয়ে আলোচনা চলছে। সংশ্লিষ্ট সূত্র জানায়, বিষয়টি নিয়ে বিভিন্ন মহলে উদ্বেগ দেখা দিয়েছে। স্থানীয় প্রশাসন পরিস্থিতি পর্যবেক্ষণ করছে এবং প্রয়োজনীয় ব্যবস্থা গ্রহণের কথা জানিয়েছে। এলাকাবাসী দ্রুত সমাধানের দাবি জানিয়েছেন। দেশে রাজনৈতিক পরিস্থিতি নিয়ে আলোচনা চলছে। সংশ্লিষ্ট সূত্র জানায়, বিষয়টি নিয়ে বিভিন্ন মহলে উদ্বেগ দেখা দিয়েছে। স্থানীয় প্রশাসন পরিস্থিতি পর্যবেক্ষণ করছে এবং প্রয়োজনীয় ব্যবস্থা গ্রহণের কথা জানিয়েছে। এলাকাবাসী দ্রুত সমাধানের দাবি জানিয়েছেন। দেশে রাজনৈতিক পরিস্থিতি নিয়ে আলোচনা চলছে। সংশ্লিষ্ট সূত্র জানায়, বিষয়টি নিয়ে বিভিন্ন মহলে উদ্বেগ দেখা দিয়েছে। স্থানীয় প্রশাসন পরিস্থিতি পর্যবেক্ষণ করছে এবং প্রয়োজনীয় ব্যবস্থা গ্রহণের কথা জানিয়েছে। এলাকাবাসী দ্রুত সমাধানের দাবি জানিয়েছেন। দেশে রাজনৈতিক পরিস্থিতি নিয়ে আলোচনা চলছে। সংশ্লিষ্ট সূত্র জানায়, বিষয়টি নিয়ে বিভিন্ন মহলে উদ্বেগ দেখা দিয়েছে। স্থানীয় প্রশাসন পরিস্থিতি পর্যবেক্ষণ করছে এবং প্রয়োজনীয় ব্যবস্থা গ্রহণের কথা জানিয়েছে। এলাকাবাসী দ্রুত সমাধানের দাবি জানিয়েছেন। দেশে রাজনৈতিক পরিস্থিতি নিয়ে আলোচনা চলছে। সংশ্লিষ্ট সূত্র জানায়, বিষয়টি নিয়ে বিভিন্ন মহলে উদ্বেগ দেখা দিয়েছে। স্থানীয় প্রশাসন পরিস্থিতি পর্যবেক্ষণ করছে এবং প্রয়োজনীয় ব্যবস্থা গ্রহণের কথা জানিয়েছে। এলাকাবাসী দ্রুত সমাধানের দাবি জানিয়েছেন। দেশে রাজনৈতিক পরিস্থিতি নিয়ে আলোচনা চলছে। সংশ্লিষ্ট সূত্র জানায়, বিষয়টি নিয়ে বিভিন্ন মহলে উদ্বেগ দেখা দিয়েছে। স্থানীয় প্রশাসন পরিস্থিতি পর্যবেক্ষণ করছে এবং প্রয়োজনীয় ব্যবস্থা গ্রহণের কথা জানিয়েছে। এলাকাবাসী দ্রুত সমাধানের দাবি জানিয়েছেন।

পাহাড় দখলকারির থানায়
প্রতিনিধি

দেশে রাজনৈতিক পরিস্থিতি নিয়ে আলোচনা চলছে। সংশ্লিষ্ট সূত্র জানায়, বিষয়টি নিয়ে বিভিন্ন মহলে উদ্বেগ দেখা দিয়েছে। স্থানীয় প্রশাসন পরিস্থিতি পর্যবেক্ষণ করছে এবং প্রয়োজনীয় ব্যবস্থা গ্রহণের কথা জানিয়েছে। এলাকাবাসী দ্রুত সমাধানের দাবি জানিয়েছেন। দেশে রাজনৈতিক পরিস্থিতি নিয়ে আলোচনা চলছে। সংশ্লিষ্ট সূত্র জানায়, বিষয়টি নিয়ে বিভিন্ন মহলে উদ্বেগ দেখা দিয়েছে। স্থানীয় প্রশাসন পরিস্থিতি পর্যবেক্ষণ করছে এবং প্রয়োজনীয় ব্যবস্থা গ্রহণের কথা জানিয়েছে। এলাকাবাসী দ্রুত সমাধানের দাবি জানিয়েছেন। দেশে রাজনৈতিক পরিস্থিতি নিয়ে আলোচনা চলছে। সংশ্লিষ্ট সূত্র জানায়, বিষয়টি নিয়ে বিভিন্ন মহলে উদ্বেগ দেখা দিয়েছে। স্থানীয় প্রশাসন পরিস্থিতি পর্যবেক্ষণ করছে এবং প্রয়োজনীয় ব্যবস্থা গ্রহণের কথা জানিয়েছে। এলাকাবাসী দ্রুত সমাধানের দাবি জানিয়েছেন। দেশে রাজনৈতিক পরিস্থিতি নিয়ে আলোচনা চলছে। সংশ্লিষ্ট সূত্র জানায়, বিষয়টি নিয়ে বিভিন্ন মহলে উদ্বেগ দেখা দিয়েছে। স্থানীয় প্রশাসন পরিস্থিতি পর্যবেক্ষণ করছে এবং প্রয়োজনীয় ব্যবস্থা গ্রহণের কথা জানিয়েছে। এলাকাবাসী দ্রুত সমাধানের দাবি জানিয়েছেন। দেশে রাজনৈতিক পরিস্থিতি নিয়ে আলোচনা চলছে। সংশ্লিষ্ট সূত্র জানায়, বিষয়টি নিয়ে বিভিন্ন মহলে উদ্বেগ দেখা দিয়েছে। স্থানীয় প্রশাসন পরিস্থিতি পর্যবেক্ষণ করছে এবং প্রয়োজনীয় ব্যবস্থা গ্রহণের কথা জানিয়েছে। এলাকাবাসী দ্রুত সমাধানের দাবি জানিয়েছেন। দেশে রাজনৈতিক পরিস্থিতি নিয়ে আলোচনা চলছে। সংশ্লিষ্ট সূত্র জানায়, বিষয়টি নিয়ে বিভিন্ন মহলে উদ্বেগ দেখা দিয়েছে। স্থানীয় প্রশাসন পরিস্থিতি পর্যবেক্ষণ করছে এবং প্রয়োজনীয় ব্যবস্থা গ্রহণের কথা জানিয়েছে। এলাকাবাসী দ্রুত সমাধানের দাবি জানিয়েছেন। দেশে রাজনৈতিক পরিস্থিতি নিয়ে আলোচনা চলছে। সংশ্লিষ্ট সূত্র জানায়, বিষয়টি নিয়ে বিভিন্ন মহলে উদ্বেগ দেখা দিয়েছে। স্থানীয় প্রশাসন পরিস্থিতি পর্যবেক্ষণ করছে এবং প্রয়োজনীয় ব্যবস্থা গ্রহণের কথা জানিয়েছে। এলাকাবাসী দ্রুত সমাধানের দাবি জানিয়েছেন। দেশে রাজনৈতিক পরিস্থিতি নিয়ে আলোচনা চলছে। সংশ্লিষ্ট সূত্র জানায়, বিষয়টি নিয়ে বিভিন্ন মহলে উদ্বেগ দেখা দিয়েছে। স্থানীয় প্রশাসন পরিস্থিতি পর্যবেক্ষণ করছে এবং প্রয়োজনীয় ব্যবস্থা গ্রহণের কথা জানিয়েছে। এলাকাবাসী দ্রুত সমাধানের দাবি জানিয়েছেন। দেশে রাজনৈতিক পরিস্থিতি নিয়ে আলোচনা চলছে। সংশ্লিষ্ট সূত্র জানায়, বিষয়টি নিয়ে বিভিন্ন মহলে উদ্বেগ দেখা দিয়েছে। স্থানীয় প্রশাসন পরিস্থিতি পর্যবেক্ষণ করছে এবং প্রয়োজনীয় ব্যবস্থা গ্রহণের কথা জানিয়েছে। এলাকাবাসী দ্রুত সমাধানের দাবি জানিয়েছেন। দেশে রাজনৈতিক পরিস্থিতি নিয়ে আলোচনা চলছে। সংশ্লিষ্ট সূত্র জানায়, বিষয়টি নিয়ে বিভিন্ন মহলে উদ্বেগ দেখা দিয়েছে। স্থানীয় প্রশাসন পরিস্থিতি পর্যবেক্ষণ করছে এবং প্রয়োজনীয় ব্যবস্থা গ্রহণের কথা জানিয়েছে। এলাকাবাসী দ্রুত সমাধানের দাবি জানিয়েছেন। দেশে রাজনৈতিক পরিস্থিতি নিয়ে আলোচনা চলছে। সংশ্লিষ্ট সূত্র জানায়, বিষয়টি নিয়ে বিভিন্ন মহলে উদ্বেগ দেখা দিয়েছে। স্থানীয় প্রশাসন পরিস্থিতি পর্যবেক্ষণ করছে এবং প্রয়োজনীয় ব্যবস্থা গ্রহণের কথা জানিয়েছে। এলাকাবাসী দ্রুত সমাধানের দাবি জানিয়েছেন। দেশে রাজনৈতিক পরিস্থিতি নিয়ে আলোচনা চলছে। সংশ্লিষ্ট সূত্র জানায়, বিষয়টি নিয়ে বিভিন্ন মহলে উদ্বেগ দেখা দিয়েছে। স্থানীয় প্রশাসন পরিস্থিতি পর্যবেক্ষণ করছে এবং প্রয়োজনীয় ব্যবস্থা গ্রহণের কথা জানিয়েছে। এলাকাবাসী দ্রুত সমাধানের দাবি জানিয়েছেন। দেশে রাজনৈতিক পরিস্থিতি নিয়ে আলোচনা চলছে। সংশ্লিষ্ট সূত্র জানায়, বিষয়টি নিয়ে বিভিন্ন মহলে উদ্বেগ দেখা দিয়েছে। স্থানীয় প্রশাসন পরিস্থিতি পর্যবেক্ষণ করছে এবং প্রয়োজনীয় ব্যবস্থা গ্রহণের কথা জানিয়েছে। এলাকাবাসী দ্রুত সমাধানের দাবি জানিয়েছেন। দেশে রাজনৈতিক পরিস্থিতি নিয়ে আলোচনা চলছে। সংশ্লিষ্ট সূত্র জানায়, বিষয়টি নিয়ে বিভিন্ন মহলে উদ্বেগ দেখা দিয়েছে। স্থানীয় প্রশাসন পরিস্থিতি পর্যবেক্ষণ করছে এবং প্রয়োজনীয় ব্যবস্থা গ্রহণের কথা জানিয়েছে। এলাকাবাসী দ্রুত সমাধানের দাবি জানিয়েছেন। দেশে রাজনৈতিক পরিস্থিতি নিয়ে আলোচনা চলছে। সংশ্লিষ্ট সূত্র জানায়, বিষয়টি নিয়ে বিভিন্ন মহলে উদ্বেগ দেখা দিয়েছে। স্থানীয় প্রশাসন পরিস্থিতি পর্যবেক্ষণ করছে এবং প্রয়োজনীয় ব্যবস্থা গ্রহণের কথা জানিয়েছে। এলাকাবাসী দ্রুত সমাধানের দাবি জানিয়েছেন। দেশে রাজনৈতিক পরিস্থিতি নিয়ে আলোচনা চলছে। সংশ্লিষ্ট সূত্র জানায়, বিষয়টি নিয়ে বিভিন্ন মহলে উদ্বেগ দেখা দিয়েছে। স্থানীয় প্রশাসন পরিস্থিতি পর্যবেক্ষণ করছে এবং প্রয়োজনীয় ব্যবস্থা গ্রহণের কথা জানিয়েছে। এলাকাবাসী দ্রুত সমাধানের দাবি জানিয়েছেন। দেশে রাজনৈতিক পরিস্থিতি নিয়ে আলোচনা চলছে। সংশ্লিষ্ট সূত্র জানায়, বিষয়টি নিয়ে বিভিন্ন মহলে উদ্বেগ দেখা দিয়েছে। স্থানীয় প্রশাসন পরিস্থিতি পর্যবেক্ষণ করছে এবং প্রয়োজনীয় ব্যবস্থা গ্রহণের কথা জানিয়েছে। এলাকাবাসী দ্রুত সমাধানের দাবি জানিয়েছেন। দেশে রাজনৈতিক পরিস্থিতি নিয়ে আলোচনা চলছে। সংশ্লিষ্ট সূত্র জানায়, বিষয়টি নিয়ে বিভিন্ন মহলে উদ্বেগ দেখা দিয়েছে। স্থানীয় প্রশাসন পরিস্থিতি পর্যবেক্ষণ করছে এবং প্রয়োজনীয় ব্যবস্থা গ্রহণের কথা জানিয়েছে। এলাকাবাসী দ্রুত সমাধানের দাবি জানিয়েছেন। দেশে রাজনৈতিক পরিস্থিতি নিয়ে আলোচনা চলছে। সংশ্লিষ্ট সূত্র জানায়, বিষয়টি নিয়ে বিভিন্ন মহলে উদ্বেগ দেখা দিয়েছে। স্থানীয় প্রশাসন পরিস্থিতি পর্যবেক্ষণ করছে এবং প্রয়োজনীয় ব্যবস্থা গ্রহণের কথা জানিয়েছে। এলাকাবাসী দ্রুত সমাধানের দাবি জানিয়েছেন। দেশে রাজনৈতিক পরিস্থিতি নিয়ে আলোচনা চলছে। সংশ্লিষ্ট সূত্র জানায়, বিষয়টি নিয়ে বিভিন্ন মহলে উদ্বেগ দেখা দিয়েছে। স্থানীয় প্রশাসন পরিস্থিতি পর্যবেক্ষণ করছে এবং প্রয়োজনীয় ব্যবস্থা গ্রহণের কথা জানিয়েছে। এলাকাবাসী দ্রুত সমাধানের দাবি জানিয়েছেন।

সব জাতিসংঘ প্রতিবাদে
নিজস্ব প্রতিবেদক

দেশে রাজনৈতিক পরিস্থিতি নিয়ে আলোচনা চলছে। সংশ্লিষ্ট সূত্র জানায়, বিষয়টি নিয়ে বিভিন্ন মহলে উদ্বেগ দেখা দিয়েছে। স্থানীয় প্রশাসন পরিস্থিতি পর্যবেক্ষণ করছে এবং প্রয়োজনীয় ব্যবস্থা গ্রহণের কথা জানিয়েছে। এলাকাবাসী দ্রুত সমাধানের দাবি জানিয়েছেন। দেশে রাজনৈতিক পরিস্থিতি নিয়ে আলোচনা চলছে। সংশ্লিষ্ট সূত্র জানায়, বিষয়টি নিয়ে বিভিন্ন মহলে উদ্বেগ দেখা দিয়েছে। স্থানীয় প্রশাসন পরিস্থিতি পর্যবেক্ষণ করছে এবং প্রয়োজনীয় ব্যবস্থা গ্রহণের কথা জানিয়েছে। এলাকাবাসী দ্রুত সমাধানের দাবি জানিয়েছেন। দেশে রাজনৈতিক পরিস্থিতি নিয়ে আলোচনা চলছে। সংশ্লিষ্ট সূত্র জানায়, বিষয়টি নিয়ে বিভিন্ন মহলে উদ্বেগ দেখা দিয়েছে। স্থানীয় প্রশাসন পরিস্থিতি পর্যবেক্ষণ করছে এবং প্রয়োজনীয় ব্যবস্থা গ্রহণের কথা জানিয়েছে। এলাকাবাসী দ্রুত সমাধানের দাবি জানিয়েছেন। দেশে রাজনৈতিক পরিস্থিতি নিয়ে আলোচনা চলছে। সংশ্লিষ্ট সূত্র জানায়, বিষয়টি নিয়ে বিভিন্ন মহলে উদ্বেগ দেখা দিয়েছে। স্থানীয় প্রশাসন পরিস্থিতি পর্যবেক্ষণ করছে এবং প্রয়োজনীয় ব্যবস্থা গ্রহণের কথা জানিয়েছে। এলাকাবাসী দ্রুত সমাধানের দাবি জানিয়েছেন। দেশে রাজনৈতিক পরিস্থিতি নিয়ে আলোচনা চলছে। সংশ্লিষ্ট সূত্র জানায়, বিষয়টি নিয়ে বিভিন্ন মহলে উদ্বেগ দেখা দিয়েছে। স্থানীয় প্রশাসন পরিস্থিতি পর্যবেক্ষণ করছে এবং প্রয়োজনীয় ব্যবস্থা গ্রহণের কথা জানিয়েছে। এলাকাবাসী দ্রুত সমাধানের দাবি জানিয়েছেন। দেশে রাজনৈতিক পরিস্থিতি নিয়ে আলোচনা চলছে। সংশ্লিষ্ট সূত্র জানায়, বিষয়টি নিয়ে বিভিন্ন মহলে উদ্বেগ দেখা দিয়েছে। স্থানীয় প্রশাসন পরিস্থিতি পর্যবেক্ষণ করছে এবং প্রয়োজনীয় ব্যবস্থা গ্রহণের কথা জানিয়েছে। এলাকাবাসী দ্রুত সমাধানের দাবি জানিয়েছেন।

হাসানের ইতিহাস গড়ার
নিজস্ব প্রতিবেদক

দেশে রাজনৈতিক পরিস্থিতি নিয়ে আলোচনা চলছে। সংশ্লিষ্ট সূত্র জানায়, বিষয়টি নিয়ে বিভিন্ন মহলে উদ্বেগ দেখা দিয়েছে। স্থানীয় প্রশাসন পরিস্থিতি পর্যবেক্ষণ করছে এবং প্রয়োজনীয় ব্যবস্থা গ্রহণের কথা জানিয়েছে। এলাকাবাসী দ্রুত সমাধানের দাবি জানিয়েছেন। দেশে রাজনৈতিক পরিস্থিতি নিয়ে আলোচনা চলছে। সংশ্লিষ্ট সূত্র জানায়, বিষয়টি নিয়ে বিভিন্ন মহলে উদ্বেগ দেখা দিয়েছে। স্থানীয় প্রশাসন পরিস্থিতি পর্যবেক্ষণ করছে এবং প্রয়োজনীয় ব্যবস্থা গ্রহণের কথা জানিয়েছে। এলাকাবাসী দ্রুত সমাধানের দাবি জানিয়েছেন। দেশে রাজনৈতিক পরিস্থিতি নিয়ে আলোচনা চলছে। সংশ্লিষ্ট সূত্র জানায়, বিষয়টি নিয়ে বিভিন্ন মহলে উদ্বেগ দেখা দিয়েছে। স্থানীয় প্রশাসন পরিস্থিতি পর্যবেক্ষণ করছে এবং প্রয়োজনীয় ব্যবস্থা গ্রহণের কথা জানিয়েছে। এলাকাবাসী দ্রুত সমাধানের দাবি জানিয়েছেন। দেশে রাজনৈতিক পরিস্থিতি নিয়ে আলোচনা চলছে। সংশ্লিষ্ট সূত্র জানায়, বিষয়টি নিয়ে বিভিন্ন মহলে উদ্বেগ দেখা দিয়েছে। স্থানীয় প্রশাসন পরিস্থিতি পর্যবেক্ষণ করছে এবং প্রয়োজনীয় ব্যবস্থা গ্রহণের কথা জানিয়েছে। এলাকাবাসী দ্রুত সমাধানের দাবি জানিয়েছেন। দেশে রাজনৈতিক পরিস্থিতি নিয়ে আলোচনা চলছে। সংশ্লিষ্ট সূত্র জানায়, বিষয়টি নিয়ে বিভিন্ন মহলে উদ্বেগ দেখা দিয়েছে। স্থানীয় প্রশাসন পরিস্থিতি পর্যবেক্ষণ করছে এবং প্রয়োজনীয় ব্যবস্থা গ্রহণের কথা জানিয়েছে। এলাকাবাসী দ্রুত সমাধানের দাবি জানিয়েছেন। দেশে রাজনৈতিক পরিস্থিতি নিয়ে আলোচনা চলছে। সংশ্লিষ্ট সূত্র জানায়, বিষয়টি নিয়ে বিভিন্ন মহলে উদ্বেগ দেখা দিয়েছে। স্থানীয় প্রশাসন পরিস্থিতি পর্যবেক্ষণ করছে এবং প্রয়োজনীয় ব্যবস্থা গ্রহণের কথা জানিয়েছে। এলাকাবাসী দ্রুত সমাধানের দাবি জানিয়েছেন। দেশে রাজনৈতিক পরিস্থিতি নিয়ে আলোচনা চলছে। সংশ্লিষ্ট সূত্র জানায়, বিষয়টি নিয়ে বিভিন্ন মহলে উদ্বেগ দেখা দিয়েছে। স্থানীয় প্রশাসন পরিস্থিতি পর্যবেক্ষণ করছে এবং প্রয়োজনীয় ব্যবস্থা গ্রহণের কথা জানিয়েছে। এলাকাবাসী দ্রুত সমাধানের দাবি জানিয়েছেন। দেশে রাজনৈতিক পরিস্থিতি নিয়ে আলোচনা চলছে। সংশ্লিষ্ট সূত্র জানায়, বিষয়টি নিয়ে বিভিন্ন মহলে উদ্বেগ দেখা দিয়েছে। স্থানীয় প্রশাসন পরিস্থিতি পর্যবেক্ষণ করছে এবং প্রয়োজনীয় ব্যবস্থা গ্রহণের কথা জানিয়েছে। এলাকাবাসী দ্রুত সমাধানের দাবি জানিয়েছেন। দেশে রাজনৈতিক পরিস্থিতি নিয়ে আলোচনা চলছে। সংশ্লিষ্ট সূত্র জানায়, বিষয়টি নিয়ে বিভিন্ন মহলে উদ্বেগ দেখা দিয়েছে। স্থানীয় প্রশাসন পরিস্থিতি পর্যবেক্ষণ করছে এবং প্রয়োজনীয় ব্যবস্থা গ্রহণের কথা জানিয়েছে। এলাকাবাসী দ্রুত সমাধানের দাবি জানিয়েছেন।

সারাজীবনে ওপর হামলার
নিজস্ব প্রতিবেদক

দেশে রাজনৈতিক পরিস্থিতি নিয়ে আলোচনা চলছে। সংশ্লিষ্ট সূত্র জানায়, বিষয়টি নিয়ে বিভিন্ন মহলে উদ্বেগ দেখা দিয়েছে। স্থানীয় প্রশাসন পরিস্থিতি পর্যবেক্ষণ করছে এবং প্রয়োজনীয় ব্যবস্থা গ্রহণের কথা জানিয়েছে। এলাকাবাসী দ্রুত সমাধানের দাবি জানিয়েছেন। দেশে রাজনৈতিক পরিস্থিতি নিয়ে আলোচনা চলছে। সংশ্লিষ্ট সূত্র জানায়, বিষয়টি নিয়ে বিভিন্ন মহলে উদ্বেগ দেখা দিয়েছে। স্থানীয় প্রশাসন পরিস্থিতি পর্যবেক্ষণ করছে এবং প্রয়োজনীয় ব্যবস্থা গ্রহণের কথা জানিয়েছে। এলাকাবাসী দ্রুত সমাধানের দাবি জানিয়েছেন। দেশে রাজনৈতিক পরিস্থিতি নিয়ে আলোচনা চলছে। সংশ্লিষ্ট সূত্র জানায়, বিষয়টি নিয়ে বিভিন্ন মহলে উদ্বেগ দেখা দিয়েছে। স্থানীয় প্রশাসন পরিস্থিতি পর্যবেক্ষণ করছে এবং প্রয়োজনীয় ব্যবস্থা গ্রহণের কথা জানিয়েছে। এলাকাবাসী দ্রুত সমাধানের দাবি জানিয়েছেন। দেশে রাজনৈতিক পরিস্থিতি নিয়ে আলোচনা চলছে। সংশ্লিষ্ট সূত্র জানায়, বিষয়টি নিয়ে বিভিন্ন মহলে উদ্বেগ দেখা দিয়েছে। স্থানীয় প্রশাসন পরিস্থিতি পর্যবেক্ষণ করছে এবং প্রয়োজনীয় ব্যবস্থা গ্রহণের কথা জানিয়েছে। এলাকাবাসী দ্রুত সমাধানের দাবি জানিয়েছেন। দেশে রাজনৈতিক পরিস্থিতি নিয়ে আলোচনা চলছে। সংশ্লিষ্ট সূত্র জানায়, বিষয়টি নিয়ে বিভিন্ন মহলে উদ্বেগ দেখা দিয়েছে। স্থানীয় প্রশাসন পরিস্থিতি পর্যবেক্ষণ করছে এবং প্রয়োজনীয় ব্যবস্থা গ্রহণের কথা জানিয়েছে। এলাকাবাসী দ্রুত সমাধানের দাবি জানিয়েছেন। দেশে রাজনৈতিক পরিস্থিতি নিয়ে আলোচনা চলছে। সংশ্লিষ্ট সূত্র জানায়, বিষয়টি নিয়ে বিভিন্ন মহলে উদ্বেগ দেখা দিয়েছে। স্থানীয় প্রশাসন পরিস্থিতি পর্যবেক্ষণ করছে এবং প্রয়োজনীয় ব্যবস্থা গ্রহণের কথা জানিয়েছে। এলাকাবাসী দ্রুত সমাধানের দাবি জানিয়েছেন। দেশে রাজনৈতিক পরিস্থিতি নিয়ে আলোচনা চলছে। সংশ্লিষ্ট সূত্র জানায়, বিষয়টি নিয়ে বিভিন্ন মহলে উদ্বেগ দেখা দিয়েছে। স্থানীয় প্রশাসন পরিস্থিতি পর্যবেক্ষণ করছে এবং প্রয়োজনীয় ব্যবস্থা গ্রহণের কথা জানিয়েছে। এলাকাবাসী দ্রুত সমাধানের দাবি জানিয়েছেন। দেশে রাজনৈতিক পরিস্থিতি নিয়ে আলোচনা চলছে। সংশ্লিষ্ট সূত্র জানায়, বিষয়টি নিয়ে বিভিন্ন মহলে উদ্বেগ দেখা দিয়েছে। স্থানীয় প্রশাসন পরিস্থিতি পর্যবেক্ষণ করছে এবং প্রয়োজনীয় ব্যবস্থা গ্রহণের কথা জানিয়েছে। এলাকাবাসী দ্রুত সমাধানের দাবি জানিয়েছেন। দেশে রাজনৈতিক পরিস্থিতি নিয়ে আলোচনা চলছে। সংশ্লিষ্ট সূত্র জানায়, বিষয়টি নিয়ে বিভিন্ন মহলে উদ্বেগ দেখা দিয়েছে। স্থানীয় প্রশাসন পরিস্থিতি পর্যবেক্ষণ করছে এবং প্রয়োজনীয় ব্যবস্থা গ্রহণের কথা জানিয়েছে। এলাকাবাসী দ্রুত সমাধানের দাবি জানিয়েছেন।

জেলাহাজতে সাবেক
প্রতিনিধি

দেশে রাজনৈতিক পরিস্থিতি নিয়ে আলোচনা চলছে। সংশ্লিষ্ট সূত্র জানায়, বিষয়টি নিয়ে বিভিন্ন মহলে উদ্বেগ দেখা দিয়েছে। স্থানীয় প্রশাসন পরিস্থিতি পর্যবেক্ষণ করছে এবং প্রয়োজনীয় ব্যবস্থা গ্রহণের কথা জানিয়েছে। এলাকাবাসী দ্রুত সমাধানের দাবি জানিয়েছেন। দেশে রাজনৈতিক পরিস্থিতি নিয়ে আলোচনা চলছে। সংশ্লিষ্ট সূত্র জানায়, বিষয়টি নিয়ে বিভিন্ন মহলে উদ্বেগ দেখা দিয়েছে। স্থানীয় প্রশাসন পরিস্থিতি পর্যবেক্ষণ করছে এবং প্রয়োজনীয় ব্যবস্থা গ্রহণের কথা জানিয়েছে। এলাকাবাসী দ্রুত সমাধানের দাবি জানিয়েছেন। দেশে রাজনৈতিক পরিস্থিতি নিয়ে আলোচনা চলছে। সংশ্লিষ্ট সূত্র জানায়, বিষয়টি নিয়ে বিভিন্ন মহলে উদ্বেগ দেখা দিয়েছে। স্থানীয় প্রশাসন পরিস্থিতি পর্যবেক্ষণ করছে এবং প্রয়োজনীয় ব্যবস্থা গ্রহণের কথা জানিয়েছে। এলাকাবাসী দ্রুত সমাধানের দাবি জানিয়েছেন। দেশে রাজনৈতিক পরিস্থিতি নিয়ে আলোচনা চলছে। সংশ্লিষ্ট সূত্র জানায়, বিষয়টি নিয়ে বিভিন্ন মহলে উদ্বেগ দেখা দিয়েছে। স্থানীয় প্রশাসন পরিস্থিতি পর্যবেক্ষণ করছে এবং প্রয়োজনীয় ব্যবস্থা গ্রহণের কথা জানিয়েছে। এলাকাবাসী দ্রুত সমাধানের দাবি জানিয়েছেন। দেশে রাজনৈতিক পরিস্থিতি নিয়ে আলোচনা চলছে। সংশ্লিষ্ট সূত্র জানায়, বিষয়টি নিয়ে বিভিন্ন মহলে উদ্বেগ দেখা দিয়েছে। স্থানীয় প্রশাসন পরিস্থিতি পর্যবেক্ষণ করছে এবং প্রয়োজনীয় ব্যবস্থা গ্রহণের কথা জানিয়েছে। এলাকাবাসী দ্রুত সমাধানের দাবি জানিয়েছেন। দেশে রাজনৈতিক পরিস্থিতি নিয়ে আলোচনা চলছে। সংশ্লিষ্ট সূত্র জানায়, বিষয়টি নিয়ে বিভিন্ন মহলে উদ্বেগ দেখা দিয়েছে। স্থানীয় প্রশাসন পরিস্থিতি পর্যবেক্ষণ করছে এবং প্রয়োজনীয় ব্যবস্থা গ্রহণের কথা জানিয়েছে। এলাকাবাসী দ্রুত সমাধানের দাবি জানিয়েছেন। দেশে রাজনৈতিক পরিস্থিতি নিয়ে আলোচনা চলছে। সংশ্লিষ্ট সূত্র জানায়, বিষয়টি নিয়ে বিভিন্ন মহলে উদ্বেগ দেখা দিয়েছে। স্থানীয় প্রশাসন পরিস্থিতি পর্যবেক্ষণ করছে এবং প্রয়োজনীয় ব্যবস্থা গ্রহণের কথা জানিয়েছে। এলাকাবাসী দ্রুত সমাধানের দাবি জানিয়েছেন। দেশে রাজনৈতিক পরিস্থিতি নিয়ে আলোচনা চলছে। সংশ্লিষ্ট সূত্র জানায়, বিষয়টি নিয়ে বিভিন্ন মহলে উদ্বেগ দেখা দিয়েছে। স্থানীয় প্রশাসন পরিস্থিতি পর্যবেক্ষণ করছে এবং প্রয়োজনীয় ব্যবস্থা গ্রহণের কথা জানিয়েছে। এলাকাবাসী দ্রুত সমাধানের দাবি জানিয়েছেন। দেশে রাজনৈতিক পরিস্থিতি নিয়ে আলোচনা চলছে। সংশ্লিষ্ট সূত্র জানায়, বিষয়টি নিয়ে বিভিন্ন মহলে উদ্বেগ দেখা দিয়েছে। স্থানীয় প্রশাসন পরিস্থিতি পর্যবেক্ষণ করছে এবং প্রয়োজনীয় ব্যবস্থা গ্রহণের কথা জানিয়েছে। এলাকাবাসী দ্রুত সমাধানের দাবি জানিয়েছেন।

বাইডেনের সঙ্গে সাক্ষাৎ
নিজস্ব প্রতিবেদক

দেশে রাজনৈতিক পরিস্থিতি নিয়ে আলোচনা চলছে। সংশ্লিষ্ট সূত্র জানায়, বিষয়টি নিয়ে বিভিন্ন মহলে উদ্বেগ দেখা দিয়েছে। স্থানীয় প্রশাসন পরিস্থিতি পর্যবেক্ষণ করছে এবং প্রয়োজনীয় ব্যবস্থা গ্রহণের কথা জানিয়েছে। এলাকাবাসী দ্রুত সমাধানের দাবি জানিয়েছেন। দেশে রাজনৈতিক পরিস্থিতি নিয়ে আলোচনা চলছে। সংশ্লিষ্ট সূত্র জানায়, বিষয়টি নিয়ে বিভিন্ন মহলে উদ্বেগ দেখা দিয়েছে। স্থানীয় প্রশাসন পরিস্থিতি পর্যবেক্ষণ করছে এবং প্রয়োজনীয় ব্যবস্থা গ্রহণের কথা জানিয়েছে। এলাকাবাসী দ্রুত সমাধানের দাবি জানিয়েছেন। দেশে রাজনৈতিক পরিস্থিতি নিয়ে আলোচনা চলছে। সংশ্লিষ্ট সূত্র জানায়, বিষয়টি নিয়ে বিভিন্ন মহলে উদ্বেগ দেখা দিয়েছে। স্থানীয় প্রশাসন পরিস্থিতি পর্যবেক্ষণ করছে এবং প্রয়োজনীয় ব্যবস্থা গ্রহণের কথা জানিয়েছে। এলাকাবাসী দ্রুত সমাধানের দাবি জানিয়েছেন। দেশে রাজনৈতিক পরিস্থিতি নিয়ে আলোচনা চলছে। সংশ্লিষ্ট সূত্র জানায়, বিষয়টি নিয়ে বিভিন্ন মহলে উদ্বেগ দেখা দিয়েছে। স্থানীয় প্রশাসন পরিস্থিতি পর্যবেক্ষণ করছে এবং প্রয়োজনীয় ব্যবস্থা গ্রহণের কথা জানিয়েছে। এলাকাবাসী দ্রুত সমাধানের দাবি জানিয়েছেন। দেশে রাজনৈতিক পরিস্থিতি নিয়ে আলোচনা চলছে। সংশ্লিষ্ট সূত্র জানায়, বিষয়টি নিয়ে বিভিন্ন মহলে উদ্বেগ দেখা দিয়েছে। স্থানীয় প্রশাসন পরিস্থিতি পর্যবেক্ষণ করছে এবং প্রয়োজনীয় ব্যবস্থা গ্রহণের কথা জানিয়েছে। এলাকাবাসী দ্রুত সমাধানের দাবি জানিয়েছেন। দেশে রাজনৈতিক পরিস্থিতি নিয়ে আলোচনা চলছে। সংশ্লিষ্ট সূত্র জানায়, বিষয়টি নিয়ে বিভিন্ন মহলে উদ্বেগ দেখা দিয়েছে। স্থানীয় প্রশাসন পরিস্থিতি পর্যবেক্ষণ করছে এবং প্রয়োজনীয় ব্যবস্থা গ্রহণের কথা জানিয়েছে। এলাকাবাসী দ্রুত সমাধানের দাবি জানিয়েছেন। দেশে রাজনৈতিক পরিস্থিতি নিয়ে আলোচনা চলছে। সংশ্লিষ্ট সূত্র জানায়, বিষয়টি নিয়ে বিভিন্ন মহলে উদ্বেগ দেখা দিয়েছে। স্থানীয় প্রশাসন পরিস্থিতি পর্যবেক্ষণ করছে এবং প্রয়োজনীয় ব্যবস্থা গ্রহণের কথা জানিয়েছে। এলাকাবাসী দ্রুত সমাধানের দাবি জানিয়েছেন। দেশে রাজনৈতিক পরিস্থিতি নিয়ে আলোচনা চলছে। সংশ্লিষ্ট সূত্র জানায়, বিষয়টি নিয়ে বিভিন্ন মহলে উদ্বেগ দেখা দিয়েছে। স্থানীয় প্রশাসন পরিস্থিতি পর্যবেক্ষণ করছে এবং প্রয়োজনীয় ব্যবস্থা গ্রহণের কথা জানিয়েছে। এলাকাবাসী দ্রুত সমাধানের দাবি জানিয়েছেন। দেশে রাজনৈতিক পরিস্থিতি নিয়ে আলোচনা চলছে। সংশ্লিষ্ট সূত্র জানায়, বিষয়টি নিয়ে বিভিন্ন মহলে উদ্বেগ দেখা দিয়েছে। স্থানীয় প্রশাসন পরিস্থিতি পর্যবেক্ষণ করছে এবং প্রয়োজনীয় ব্যবস্থা গ্রহণের কথা জানিয়েছে। এলাকাবাসী দ্রুত সমাধানের দাবি জানিয়েছেন। দেশে রাজনৈতিক পরিস্থিতি নিয়ে আলোচনা চলছে। সংশ্লিষ্ট সূত্র জানায়, বিষয়টি নিয়ে বিভিন্ন মহলে উদ্বেগ দেখা দিয়েছে। স্থানীয় প্রশাসন পরিস্থিতি পর্যবেক্ষণ করছে এবং প্রয়োজনীয় ব্যবস্থা গ্রহণের কথা জানিয়েছে। এলাকাবাসী দ্রুত সমাধানের দাবি জানিয়েছেন। দেশে রাজনৈতিক পরিস্থিতি নিয়ে আলোচনা চলছে। সংশ্লিষ্ট সূত্র জানায়, বিষয়টি নিয়ে বিভিন্ন মহলে উদ্বেগ দেখা দিয়েছে। স্থানীয় প্রশাসন পরিস্থিতি পর্যবেক্ষণ করছে এবং প্রয়োজনীয় ব্যবস্থা গ্রহণের কথা জানিয়েছে। এলাকাবাসী দ্রুত সমাধানের দাবি জানিয়েছেন। দেশে রাজনৈতিক পরিস্থিতি নিয়ে আলোচনা চলছে। সংশ্লিষ্ট সূত্র জানায়, বিষয়টি নিয়ে বিভিন্ন মহলে উদ্বেগ দেখা দিয়েছে। স্থানীয় প্রশাসন পরিস্থিতি পর্যবেক্ষণ করছে এবং প্রয়োজনীয় ব্যবস্থা গ্রহণের কথা জানিয়েছে। এলাকাবাসী দ্রুত সমাধানের দাবি জানিয়েছেন।
